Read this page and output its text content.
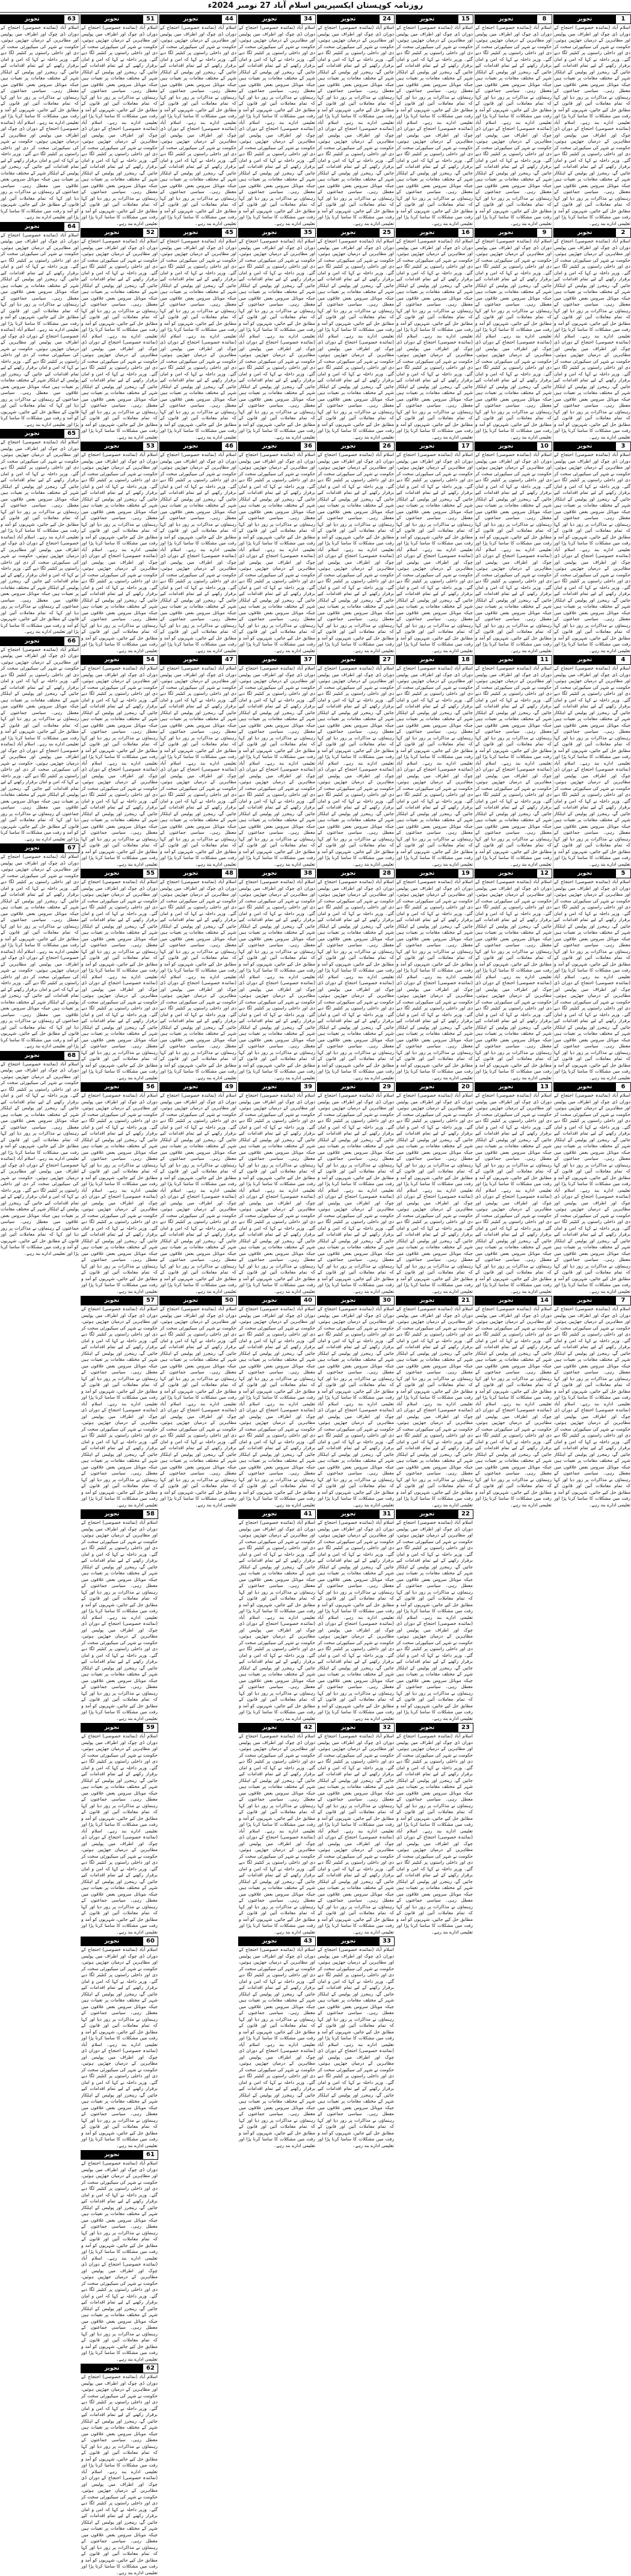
روزنامہ کوہستان ایکسپریس اسلام آباد 27 نومبر 2024ء
1
تجویز
اسلام آباد (نمائندہ خصوصی) احتجاج کے دوران ڈی چوک اور اطراف میں پولیس اور مظاہرین کے درمیان جھڑپیں ہوئیں، حکومت نے شہر کی سیکیورٹی سخت کر دی اور داخلی راستوں پر کنٹینر لگا دیے گئے۔ وزیر داخلہ نے کہا کہ امن و امان برقرار رکھنے کے لیے تمام اقدامات کیے جائیں گے، رینجرز اور پولیس کے اہلکار شہر کے مختلف مقامات پر تعینات ہیں جبکہ موبائل سروس بعض علاقوں میں معطل رہی۔ سیاسی جماعتوں کے رہنماؤں نے مذاکرات پر زور دیا اور کہا کہ تمام معاملات آئین اور قانون کے مطابق حل کیے جائیں، شہریوں کو آمد و رفت میں مشکلات کا سامنا کرنا پڑا اور تعلیمی ادارے بند رہے۔ اسلام آباد (نمائندہ خصوصی) احتجاج کے دوران ڈی چوک اور اطراف میں پولیس اور مظاہرین کے درمیان جھڑپیں ہوئیں، حکومت نے شہر کی سیکیورٹی سخت کر دی اور داخلی راستوں پر کنٹینر لگا دیے گئے۔ وزیر داخلہ نے کہا کہ امن و امان برقرار رکھنے کے لیے تمام اقدامات کیے جائیں گے، رینجرز اور پولیس کے اہلکار شہر کے مختلف مقامات پر تعینات ہیں جبکہ موبائل سروس بعض علاقوں میں معطل رہی۔ سیاسی جماعتوں کے رہنماؤں نے مذاکرات پر زور دیا اور کہا کہ تمام معاملات آئین اور قانون کے مطابق حل کیے جائیں، شہریوں کو آمد و رفت میں مشکلات کا سامنا کرنا پڑا اور تعلیمی ادارے بند رہے۔
2
تجویز
اسلام آباد (نمائندہ خصوصی) احتجاج کے دوران ڈی چوک اور اطراف میں پولیس اور مظاہرین کے درمیان جھڑپیں ہوئیں، حکومت نے شہر کی سیکیورٹی سخت کر دی اور داخلی راستوں پر کنٹینر لگا دیے گئے۔ وزیر داخلہ نے کہا کہ امن و امان برقرار رکھنے کے لیے تمام اقدامات کیے جائیں گے، رینجرز اور پولیس کے اہلکار شہر کے مختلف مقامات پر تعینات ہیں جبکہ موبائل سروس بعض علاقوں میں معطل رہی۔ سیاسی جماعتوں کے رہنماؤں نے مذاکرات پر زور دیا اور کہا کہ تمام معاملات آئین اور قانون کے مطابق حل کیے جائیں، شہریوں کو آمد و رفت میں مشکلات کا سامنا کرنا پڑا اور تعلیمی ادارے بند رہے۔ اسلام آباد (نمائندہ خصوصی) احتجاج کے دوران ڈی چوک اور اطراف میں پولیس اور مظاہرین کے درمیان جھڑپیں ہوئیں، حکومت نے شہر کی سیکیورٹی سخت کر دی اور داخلی راستوں پر کنٹینر لگا دیے گئے۔ وزیر داخلہ نے کہا کہ امن و امان برقرار رکھنے کے لیے تمام اقدامات کیے جائیں گے، رینجرز اور پولیس کے اہلکار شہر کے مختلف مقامات پر تعینات ہیں جبکہ موبائل سروس بعض علاقوں میں معطل رہی۔ سیاسی جماعتوں کے رہنماؤں نے مذاکرات پر زور دیا اور کہا کہ تمام معاملات آئین اور قانون کے مطابق حل کیے جائیں، شہریوں کو آمد و رفت میں مشکلات کا سامنا کرنا پڑا اور تعلیمی ادارے بند رہے۔
3
تجویز
اسلام آباد (نمائندہ خصوصی) احتجاج کے دوران ڈی چوک اور اطراف میں پولیس اور مظاہرین کے درمیان جھڑپیں ہوئیں، حکومت نے شہر کی سیکیورٹی سخت کر دی اور داخلی راستوں پر کنٹینر لگا دیے گئے۔ وزیر داخلہ نے کہا کہ امن و امان برقرار رکھنے کے لیے تمام اقدامات کیے جائیں گے، رینجرز اور پولیس کے اہلکار شہر کے مختلف مقامات پر تعینات ہیں جبکہ موبائل سروس بعض علاقوں میں معطل رہی۔ سیاسی جماعتوں کے رہنماؤں نے مذاکرات پر زور دیا اور کہا کہ تمام معاملات آئین اور قانون کے مطابق حل کیے جائیں، شہریوں کو آمد و رفت میں مشکلات کا سامنا کرنا پڑا اور تعلیمی ادارے بند رہے۔ اسلام آباد (نمائندہ خصوصی) احتجاج کے دوران ڈی چوک اور اطراف میں پولیس اور مظاہرین کے درمیان جھڑپیں ہوئیں، حکومت نے شہر کی سیکیورٹی سخت کر دی اور داخلی راستوں پر کنٹینر لگا دیے گئے۔ وزیر داخلہ نے کہا کہ امن و امان برقرار رکھنے کے لیے تمام اقدامات کیے جائیں گے، رینجرز اور پولیس کے اہلکار شہر کے مختلف مقامات پر تعینات ہیں جبکہ موبائل سروس بعض علاقوں میں معطل رہی۔ سیاسی جماعتوں کے رہنماؤں نے مذاکرات پر زور دیا اور کہا کہ تمام معاملات آئین اور قانون کے مطابق حل کیے جائیں، شہریوں کو آمد و رفت میں مشکلات کا سامنا کرنا پڑا اور تعلیمی ادارے بند رہے۔
4
تجویز
اسلام آباد (نمائندہ خصوصی) احتجاج کے دوران ڈی چوک اور اطراف میں پولیس اور مظاہرین کے درمیان جھڑپیں ہوئیں، حکومت نے شہر کی سیکیورٹی سخت کر دی اور داخلی راستوں پر کنٹینر لگا دیے گئے۔ وزیر داخلہ نے کہا کہ امن و امان برقرار رکھنے کے لیے تمام اقدامات کیے جائیں گے، رینجرز اور پولیس کے اہلکار شہر کے مختلف مقامات پر تعینات ہیں جبکہ موبائل سروس بعض علاقوں میں معطل رہی۔ سیاسی جماعتوں کے رہنماؤں نے مذاکرات پر زور دیا اور کہا کہ تمام معاملات آئین اور قانون کے مطابق حل کیے جائیں، شہریوں کو آمد و رفت میں مشکلات کا سامنا کرنا پڑا اور تعلیمی ادارے بند رہے۔ اسلام آباد (نمائندہ خصوصی) احتجاج کے دوران ڈی چوک اور اطراف میں پولیس اور مظاہرین کے درمیان جھڑپیں ہوئیں، حکومت نے شہر کی سیکیورٹی سخت کر دی اور داخلی راستوں پر کنٹینر لگا دیے گئے۔ وزیر داخلہ نے کہا کہ امن و امان برقرار رکھنے کے لیے تمام اقدامات کیے جائیں گے، رینجرز اور پولیس کے اہلکار شہر کے مختلف مقامات پر تعینات ہیں جبکہ موبائل سروس بعض علاقوں میں معطل رہی۔ سیاسی جماعتوں کے رہنماؤں نے مذاکرات پر زور دیا اور کہا کہ تمام معاملات آئین اور قانون کے مطابق حل کیے جائیں، شہریوں کو آمد و رفت میں مشکلات کا سامنا کرنا پڑا اور تعلیمی ادارے بند رہے۔
5
تجویز
اسلام آباد (نمائندہ خصوصی) احتجاج کے دوران ڈی چوک اور اطراف میں پولیس اور مظاہرین کے درمیان جھڑپیں ہوئیں، حکومت نے شہر کی سیکیورٹی سخت کر دی اور داخلی راستوں پر کنٹینر لگا دیے گئے۔ وزیر داخلہ نے کہا کہ امن و امان برقرار رکھنے کے لیے تمام اقدامات کیے جائیں گے، رینجرز اور پولیس کے اہلکار شہر کے مختلف مقامات پر تعینات ہیں جبکہ موبائل سروس بعض علاقوں میں معطل رہی۔ سیاسی جماعتوں کے رہنماؤں نے مذاکرات پر زور دیا اور کہا کہ تمام معاملات آئین اور قانون کے مطابق حل کیے جائیں، شہریوں کو آمد و رفت میں مشکلات کا سامنا کرنا پڑا اور تعلیمی ادارے بند رہے۔ اسلام آباد (نمائندہ خصوصی) احتجاج کے دوران ڈی چوک اور اطراف میں پولیس اور مظاہرین کے درمیان جھڑپیں ہوئیں، حکومت نے شہر کی سیکیورٹی سخت کر دی اور داخلی راستوں پر کنٹینر لگا دیے گئے۔ وزیر داخلہ نے کہا کہ امن و امان برقرار رکھنے کے لیے تمام اقدامات کیے جائیں گے، رینجرز اور پولیس کے اہلکار شہر کے مختلف مقامات پر تعینات ہیں جبکہ موبائل سروس بعض علاقوں میں معطل رہی۔ سیاسی جماعتوں کے رہنماؤں نے مذاکرات پر زور دیا اور کہا کہ تمام معاملات آئین اور قانون کے مطابق حل کیے جائیں، شہریوں کو آمد و رفت میں مشکلات کا سامنا کرنا پڑا اور تعلیمی ادارے بند رہے۔
6
تجویز
اسلام آباد (نمائندہ خصوصی) احتجاج کے دوران ڈی چوک اور اطراف میں پولیس اور مظاہرین کے درمیان جھڑپیں ہوئیں، حکومت نے شہر کی سیکیورٹی سخت کر دی اور داخلی راستوں پر کنٹینر لگا دیے گئے۔ وزیر داخلہ نے کہا کہ امن و امان برقرار رکھنے کے لیے تمام اقدامات کیے جائیں گے، رینجرز اور پولیس کے اہلکار شہر کے مختلف مقامات پر تعینات ہیں جبکہ موبائل سروس بعض علاقوں میں معطل رہی۔ سیاسی جماعتوں کے رہنماؤں نے مذاکرات پر زور دیا اور کہا کہ تمام معاملات آئین اور قانون کے مطابق حل کیے جائیں، شہریوں کو آمد و رفت میں مشکلات کا سامنا کرنا پڑا اور تعلیمی ادارے بند رہے۔ اسلام آباد (نمائندہ خصوصی) احتجاج کے دوران ڈی چوک اور اطراف میں پولیس اور مظاہرین کے درمیان جھڑپیں ہوئیں، حکومت نے شہر کی سیکیورٹی سخت کر دی اور داخلی راستوں پر کنٹینر لگا دیے گئے۔ وزیر داخلہ نے کہا کہ امن و امان برقرار رکھنے کے لیے تمام اقدامات کیے جائیں گے، رینجرز اور پولیس کے اہلکار شہر کے مختلف مقامات پر تعینات ہیں جبکہ موبائل سروس بعض علاقوں میں معطل رہی۔ سیاسی جماعتوں کے رہنماؤں نے مذاکرات پر زور دیا اور کہا کہ تمام معاملات آئین اور قانون کے مطابق حل کیے جائیں، شہریوں کو آمد و رفت میں مشکلات کا سامنا کرنا پڑا اور تعلیمی ادارے بند رہے۔
7
تجویز
اسلام آباد (نمائندہ خصوصی) احتجاج کے دوران ڈی چوک اور اطراف میں پولیس اور مظاہرین کے درمیان جھڑپیں ہوئیں، حکومت نے شہر کی سیکیورٹی سخت کر دی اور داخلی راستوں پر کنٹینر لگا دیے گئے۔ وزیر داخلہ نے کہا کہ امن و امان برقرار رکھنے کے لیے تمام اقدامات کیے جائیں گے، رینجرز اور پولیس کے اہلکار شہر کے مختلف مقامات پر تعینات ہیں جبکہ موبائل سروس بعض علاقوں میں معطل رہی۔ سیاسی جماعتوں کے رہنماؤں نے مذاکرات پر زور دیا اور کہا کہ تمام معاملات آئین اور قانون کے مطابق حل کیے جائیں، شہریوں کو آمد و رفت میں مشکلات کا سامنا کرنا پڑا اور تعلیمی ادارے بند رہے۔ اسلام آباد (نمائندہ خصوصی) احتجاج کے دوران ڈی چوک اور اطراف میں پولیس اور مظاہرین کے درمیان جھڑپیں ہوئیں، حکومت نے شہر کی سیکیورٹی سخت کر دی اور داخلی راستوں پر کنٹینر لگا دیے گئے۔ وزیر داخلہ نے کہا کہ امن و امان برقرار رکھنے کے لیے تمام اقدامات کیے جائیں گے، رینجرز اور پولیس کے اہلکار شہر کے مختلف مقامات پر تعینات ہیں جبکہ موبائل سروس بعض علاقوں میں معطل رہی۔ سیاسی جماعتوں کے رہنماؤں نے مذاکرات پر زور دیا اور کہا کہ تمام معاملات آئین اور قانون کے مطابق حل کیے جائیں، شہریوں کو آمد و رفت میں مشکلات کا سامنا کرنا پڑا اور تعلیمی ادارے بند رہے۔
8
تجویز
اسلام آباد (نمائندہ خصوصی) احتجاج کے دوران ڈی چوک اور اطراف میں پولیس اور مظاہرین کے درمیان جھڑپیں ہوئیں، حکومت نے شہر کی سیکیورٹی سخت کر دی اور داخلی راستوں پر کنٹینر لگا دیے گئے۔ وزیر داخلہ نے کہا کہ امن و امان برقرار رکھنے کے لیے تمام اقدامات کیے جائیں گے، رینجرز اور پولیس کے اہلکار شہر کے مختلف مقامات پر تعینات ہیں جبکہ موبائل سروس بعض علاقوں میں معطل رہی۔ سیاسی جماعتوں کے رہنماؤں نے مذاکرات پر زور دیا اور کہا کہ تمام معاملات آئین اور قانون کے مطابق حل کیے جائیں، شہریوں کو آمد و رفت میں مشکلات کا سامنا کرنا پڑا اور تعلیمی ادارے بند رہے۔ اسلام آباد (نمائندہ خصوصی) احتجاج کے دوران ڈی چوک اور اطراف میں پولیس اور مظاہرین کے درمیان جھڑپیں ہوئیں، حکومت نے شہر کی سیکیورٹی سخت کر دی اور داخلی راستوں پر کنٹینر لگا دیے گئے۔ وزیر داخلہ نے کہا کہ امن و امان برقرار رکھنے کے لیے تمام اقدامات کیے جائیں گے، رینجرز اور پولیس کے اہلکار شہر کے مختلف مقامات پر تعینات ہیں جبکہ موبائل سروس بعض علاقوں میں معطل رہی۔ سیاسی جماعتوں کے رہنماؤں نے مذاکرات پر زور دیا اور کہا کہ تمام معاملات آئین اور قانون کے مطابق حل کیے جائیں، شہریوں کو آمد و رفت میں مشکلات کا سامنا کرنا پڑا اور تعلیمی ادارے بند رہے۔
9
تجویز
اسلام آباد (نمائندہ خصوصی) احتجاج کے دوران ڈی چوک اور اطراف میں پولیس اور مظاہرین کے درمیان جھڑپیں ہوئیں، حکومت نے شہر کی سیکیورٹی سخت کر دی اور داخلی راستوں پر کنٹینر لگا دیے گئے۔ وزیر داخلہ نے کہا کہ امن و امان برقرار رکھنے کے لیے تمام اقدامات کیے جائیں گے، رینجرز اور پولیس کے اہلکار شہر کے مختلف مقامات پر تعینات ہیں جبکہ موبائل سروس بعض علاقوں میں معطل رہی۔ سیاسی جماعتوں کے رہنماؤں نے مذاکرات پر زور دیا اور کہا کہ تمام معاملات آئین اور قانون کے مطابق حل کیے جائیں، شہریوں کو آمد و رفت میں مشکلات کا سامنا کرنا پڑا اور تعلیمی ادارے بند رہے۔ اسلام آباد (نمائندہ خصوصی) احتجاج کے دوران ڈی چوک اور اطراف میں پولیس اور مظاہرین کے درمیان جھڑپیں ہوئیں، حکومت نے شہر کی سیکیورٹی سخت کر دی اور داخلی راستوں پر کنٹینر لگا دیے گئے۔ وزیر داخلہ نے کہا کہ امن و امان برقرار رکھنے کے لیے تمام اقدامات کیے جائیں گے، رینجرز اور پولیس کے اہلکار شہر کے مختلف مقامات پر تعینات ہیں جبکہ موبائل سروس بعض علاقوں میں معطل رہی۔ سیاسی جماعتوں کے رہنماؤں نے مذاکرات پر زور دیا اور کہا کہ تمام معاملات آئین اور قانون کے مطابق حل کیے جائیں، شہریوں کو آمد و رفت میں مشکلات کا سامنا کرنا پڑا اور تعلیمی ادارے بند رہے۔
10
تجویز
اسلام آباد (نمائندہ خصوصی) احتجاج کے دوران ڈی چوک اور اطراف میں پولیس اور مظاہرین کے درمیان جھڑپیں ہوئیں، حکومت نے شہر کی سیکیورٹی سخت کر دی اور داخلی راستوں پر کنٹینر لگا دیے گئے۔ وزیر داخلہ نے کہا کہ امن و امان برقرار رکھنے کے لیے تمام اقدامات کیے جائیں گے، رینجرز اور پولیس کے اہلکار شہر کے مختلف مقامات پر تعینات ہیں جبکہ موبائل سروس بعض علاقوں میں معطل رہی۔ سیاسی جماعتوں کے رہنماؤں نے مذاکرات پر زور دیا اور کہا کہ تمام معاملات آئین اور قانون کے مطابق حل کیے جائیں، شہریوں کو آمد و رفت میں مشکلات کا سامنا کرنا پڑا اور تعلیمی ادارے بند رہے۔ اسلام آباد (نمائندہ خصوصی) احتجاج کے دوران ڈی چوک اور اطراف میں پولیس اور مظاہرین کے درمیان جھڑپیں ہوئیں، حکومت نے شہر کی سیکیورٹی سخت کر دی اور داخلی راستوں پر کنٹینر لگا دیے گئے۔ وزیر داخلہ نے کہا کہ امن و امان برقرار رکھنے کے لیے تمام اقدامات کیے جائیں گے، رینجرز اور پولیس کے اہلکار شہر کے مختلف مقامات پر تعینات ہیں جبکہ موبائل سروس بعض علاقوں میں معطل رہی۔ سیاسی جماعتوں کے رہنماؤں نے مذاکرات پر زور دیا اور کہا کہ تمام معاملات آئین اور قانون کے مطابق حل کیے جائیں، شہریوں کو آمد و رفت میں مشکلات کا سامنا کرنا پڑا اور تعلیمی ادارے بند رہے۔
11
تجویز
اسلام آباد (نمائندہ خصوصی) احتجاج کے دوران ڈی چوک اور اطراف میں پولیس اور مظاہرین کے درمیان جھڑپیں ہوئیں، حکومت نے شہر کی سیکیورٹی سخت کر دی اور داخلی راستوں پر کنٹینر لگا دیے گئے۔ وزیر داخلہ نے کہا کہ امن و امان برقرار رکھنے کے لیے تمام اقدامات کیے جائیں گے، رینجرز اور پولیس کے اہلکار شہر کے مختلف مقامات پر تعینات ہیں جبکہ موبائل سروس بعض علاقوں میں معطل رہی۔ سیاسی جماعتوں کے رہنماؤں نے مذاکرات پر زور دیا اور کہا کہ تمام معاملات آئین اور قانون کے مطابق حل کیے جائیں، شہریوں کو آمد و رفت میں مشکلات کا سامنا کرنا پڑا اور تعلیمی ادارے بند رہے۔ اسلام آباد (نمائندہ خصوصی) احتجاج کے دوران ڈی چوک اور اطراف میں پولیس اور مظاہرین کے درمیان جھڑپیں ہوئیں، حکومت نے شہر کی سیکیورٹی سخت کر دی اور داخلی راستوں پر کنٹینر لگا دیے گئے۔ وزیر داخلہ نے کہا کہ امن و امان برقرار رکھنے کے لیے تمام اقدامات کیے جائیں گے، رینجرز اور پولیس کے اہلکار شہر کے مختلف مقامات پر تعینات ہیں جبکہ موبائل سروس بعض علاقوں میں معطل رہی۔ سیاسی جماعتوں کے رہنماؤں نے مذاکرات پر زور دیا اور کہا کہ تمام معاملات آئین اور قانون کے مطابق حل کیے جائیں، شہریوں کو آمد و رفت میں مشکلات کا سامنا کرنا پڑا اور تعلیمی ادارے بند رہے۔
12
تجویز
اسلام آباد (نمائندہ خصوصی) احتجاج کے دوران ڈی چوک اور اطراف میں پولیس اور مظاہرین کے درمیان جھڑپیں ہوئیں، حکومت نے شہر کی سیکیورٹی سخت کر دی اور داخلی راستوں پر کنٹینر لگا دیے گئے۔ وزیر داخلہ نے کہا کہ امن و امان برقرار رکھنے کے لیے تمام اقدامات کیے جائیں گے، رینجرز اور پولیس کے اہلکار شہر کے مختلف مقامات پر تعینات ہیں جبکہ موبائل سروس بعض علاقوں میں معطل رہی۔ سیاسی جماعتوں کے رہنماؤں نے مذاکرات پر زور دیا اور کہا کہ تمام معاملات آئین اور قانون کے مطابق حل کیے جائیں، شہریوں کو آمد و رفت میں مشکلات کا سامنا کرنا پڑا اور تعلیمی ادارے بند رہے۔ اسلام آباد (نمائندہ خصوصی) احتجاج کے دوران ڈی چوک اور اطراف میں پولیس اور مظاہرین کے درمیان جھڑپیں ہوئیں، حکومت نے شہر کی سیکیورٹی سخت کر دی اور داخلی راستوں پر کنٹینر لگا دیے گئے۔ وزیر داخلہ نے کہا کہ امن و امان برقرار رکھنے کے لیے تمام اقدامات کیے جائیں گے، رینجرز اور پولیس کے اہلکار شہر کے مختلف مقامات پر تعینات ہیں جبکہ موبائل سروس بعض علاقوں میں معطل رہی۔ سیاسی جماعتوں کے رہنماؤں نے مذاکرات پر زور دیا اور کہا کہ تمام معاملات آئین اور قانون کے مطابق حل کیے جائیں، شہریوں کو آمد و رفت میں مشکلات کا سامنا کرنا پڑا اور تعلیمی ادارے بند رہے۔
13
تجویز
اسلام آباد (نمائندہ خصوصی) احتجاج کے دوران ڈی چوک اور اطراف میں پولیس اور مظاہرین کے درمیان جھڑپیں ہوئیں، حکومت نے شہر کی سیکیورٹی سخت کر دی اور داخلی راستوں پر کنٹینر لگا دیے گئے۔ وزیر داخلہ نے کہا کہ امن و امان برقرار رکھنے کے لیے تمام اقدامات کیے جائیں گے، رینجرز اور پولیس کے اہلکار شہر کے مختلف مقامات پر تعینات ہیں جبکہ موبائل سروس بعض علاقوں میں معطل رہی۔ سیاسی جماعتوں کے رہنماؤں نے مذاکرات پر زور دیا اور کہا کہ تمام معاملات آئین اور قانون کے مطابق حل کیے جائیں، شہریوں کو آمد و رفت میں مشکلات کا سامنا کرنا پڑا اور تعلیمی ادارے بند رہے۔ اسلام آباد (نمائندہ خصوصی) احتجاج کے دوران ڈی چوک اور اطراف میں پولیس اور مظاہرین کے درمیان جھڑپیں ہوئیں، حکومت نے شہر کی سیکیورٹی سخت کر دی اور داخلی راستوں پر کنٹینر لگا دیے گئے۔ وزیر داخلہ نے کہا کہ امن و امان برقرار رکھنے کے لیے تمام اقدامات کیے جائیں گے، رینجرز اور پولیس کے اہلکار شہر کے مختلف مقامات پر تعینات ہیں جبکہ موبائل سروس بعض علاقوں میں معطل رہی۔ سیاسی جماعتوں کے رہنماؤں نے مذاکرات پر زور دیا اور کہا کہ تمام معاملات آئین اور قانون کے مطابق حل کیے جائیں، شہریوں کو آمد و رفت میں مشکلات کا سامنا کرنا پڑا اور تعلیمی ادارے بند رہے۔
14
تجویز
اسلام آباد (نمائندہ خصوصی) احتجاج کے دوران ڈی چوک اور اطراف میں پولیس اور مظاہرین کے درمیان جھڑپیں ہوئیں، حکومت نے شہر کی سیکیورٹی سخت کر دی اور داخلی راستوں پر کنٹینر لگا دیے گئے۔ وزیر داخلہ نے کہا کہ امن و امان برقرار رکھنے کے لیے تمام اقدامات کیے جائیں گے، رینجرز اور پولیس کے اہلکار شہر کے مختلف مقامات پر تعینات ہیں جبکہ موبائل سروس بعض علاقوں میں معطل رہی۔ سیاسی جماعتوں کے رہنماؤں نے مذاکرات پر زور دیا اور کہا کہ تمام معاملات آئین اور قانون کے مطابق حل کیے جائیں، شہریوں کو آمد و رفت میں مشکلات کا سامنا کرنا پڑا اور تعلیمی ادارے بند رہے۔ اسلام آباد (نمائندہ خصوصی) احتجاج کے دوران ڈی چوک اور اطراف میں پولیس اور مظاہرین کے درمیان جھڑپیں ہوئیں، حکومت نے شہر کی سیکیورٹی سخت کر دی اور داخلی راستوں پر کنٹینر لگا دیے گئے۔ وزیر داخلہ نے کہا کہ امن و امان برقرار رکھنے کے لیے تمام اقدامات کیے جائیں گے، رینجرز اور پولیس کے اہلکار شہر کے مختلف مقامات پر تعینات ہیں جبکہ موبائل سروس بعض علاقوں میں معطل رہی۔ سیاسی جماعتوں کے رہنماؤں نے مذاکرات پر زور دیا اور کہا کہ تمام معاملات آئین اور قانون کے مطابق حل کیے جائیں، شہریوں کو آمد و رفت میں مشکلات کا سامنا کرنا پڑا اور تعلیمی ادارے بند رہے۔
15
تجویز
اسلام آباد (نمائندہ خصوصی) احتجاج کے دوران ڈی چوک اور اطراف میں پولیس اور مظاہرین کے درمیان جھڑپیں ہوئیں، حکومت نے شہر کی سیکیورٹی سخت کر دی اور داخلی راستوں پر کنٹینر لگا دیے گئے۔ وزیر داخلہ نے کہا کہ امن و امان برقرار رکھنے کے لیے تمام اقدامات کیے جائیں گے، رینجرز اور پولیس کے اہلکار شہر کے مختلف مقامات پر تعینات ہیں جبکہ موبائل سروس بعض علاقوں میں معطل رہی۔ سیاسی جماعتوں کے رہنماؤں نے مذاکرات پر زور دیا اور کہا کہ تمام معاملات آئین اور قانون کے مطابق حل کیے جائیں، شہریوں کو آمد و رفت میں مشکلات کا سامنا کرنا پڑا اور تعلیمی ادارے بند رہے۔ اسلام آباد (نمائندہ خصوصی) احتجاج کے دوران ڈی چوک اور اطراف میں پولیس اور مظاہرین کے درمیان جھڑپیں ہوئیں، حکومت نے شہر کی سیکیورٹی سخت کر دی اور داخلی راستوں پر کنٹینر لگا دیے گئے۔ وزیر داخلہ نے کہا کہ امن و امان برقرار رکھنے کے لیے تمام اقدامات کیے جائیں گے، رینجرز اور پولیس کے اہلکار شہر کے مختلف مقامات پر تعینات ہیں جبکہ موبائل سروس بعض علاقوں میں معطل رہی۔ سیاسی جماعتوں کے رہنماؤں نے مذاکرات پر زور دیا اور کہا کہ تمام معاملات آئین اور قانون کے مطابق حل کیے جائیں، شہریوں کو آمد و رفت میں مشکلات کا سامنا کرنا پڑا اور تعلیمی ادارے بند رہے۔
16
تجویز
اسلام آباد (نمائندہ خصوصی) احتجاج کے دوران ڈی چوک اور اطراف میں پولیس اور مظاہرین کے درمیان جھڑپیں ہوئیں، حکومت نے شہر کی سیکیورٹی سخت کر دی اور داخلی راستوں پر کنٹینر لگا دیے گئے۔ وزیر داخلہ نے کہا کہ امن و امان برقرار رکھنے کے لیے تمام اقدامات کیے جائیں گے، رینجرز اور پولیس کے اہلکار شہر کے مختلف مقامات پر تعینات ہیں جبکہ موبائل سروس بعض علاقوں میں معطل رہی۔ سیاسی جماعتوں کے رہنماؤں نے مذاکرات پر زور دیا اور کہا کہ تمام معاملات آئین اور قانون کے مطابق حل کیے جائیں، شہریوں کو آمد و رفت میں مشکلات کا سامنا کرنا پڑا اور تعلیمی ادارے بند رہے۔ اسلام آباد (نمائندہ خصوصی) احتجاج کے دوران ڈی چوک اور اطراف میں پولیس اور مظاہرین کے درمیان جھڑپیں ہوئیں، حکومت نے شہر کی سیکیورٹی سخت کر دی اور داخلی راستوں پر کنٹینر لگا دیے گئے۔ وزیر داخلہ نے کہا کہ امن و امان برقرار رکھنے کے لیے تمام اقدامات کیے جائیں گے، رینجرز اور پولیس کے اہلکار شہر کے مختلف مقامات پر تعینات ہیں جبکہ موبائل سروس بعض علاقوں میں معطل رہی۔ سیاسی جماعتوں کے رہنماؤں نے مذاکرات پر زور دیا اور کہا کہ تمام معاملات آئین اور قانون کے مطابق حل کیے جائیں، شہریوں کو آمد و رفت میں مشکلات کا سامنا کرنا پڑا اور تعلیمی ادارے بند رہے۔
17
تجویز
اسلام آباد (نمائندہ خصوصی) احتجاج کے دوران ڈی چوک اور اطراف میں پولیس اور مظاہرین کے درمیان جھڑپیں ہوئیں، حکومت نے شہر کی سیکیورٹی سخت کر دی اور داخلی راستوں پر کنٹینر لگا دیے گئے۔ وزیر داخلہ نے کہا کہ امن و امان برقرار رکھنے کے لیے تمام اقدامات کیے جائیں گے، رینجرز اور پولیس کے اہلکار شہر کے مختلف مقامات پر تعینات ہیں جبکہ موبائل سروس بعض علاقوں میں معطل رہی۔ سیاسی جماعتوں کے رہنماؤں نے مذاکرات پر زور دیا اور کہا کہ تمام معاملات آئین اور قانون کے مطابق حل کیے جائیں، شہریوں کو آمد و رفت میں مشکلات کا سامنا کرنا پڑا اور تعلیمی ادارے بند رہے۔ اسلام آباد (نمائندہ خصوصی) احتجاج کے دوران ڈی چوک اور اطراف میں پولیس اور مظاہرین کے درمیان جھڑپیں ہوئیں، حکومت نے شہر کی سیکیورٹی سخت کر دی اور داخلی راستوں پر کنٹینر لگا دیے گئے۔ وزیر داخلہ نے کہا کہ امن و امان برقرار رکھنے کے لیے تمام اقدامات کیے جائیں گے، رینجرز اور پولیس کے اہلکار شہر کے مختلف مقامات پر تعینات ہیں جبکہ موبائل سروس بعض علاقوں میں معطل رہی۔ سیاسی جماعتوں کے رہنماؤں نے مذاکرات پر زور دیا اور کہا کہ تمام معاملات آئین اور قانون کے مطابق حل کیے جائیں، شہریوں کو آمد و رفت میں مشکلات کا سامنا کرنا پڑا اور تعلیمی ادارے بند رہے۔
18
تجویز
اسلام آباد (نمائندہ خصوصی) احتجاج کے دوران ڈی چوک اور اطراف میں پولیس اور مظاہرین کے درمیان جھڑپیں ہوئیں، حکومت نے شہر کی سیکیورٹی سخت کر دی اور داخلی راستوں پر کنٹینر لگا دیے گئے۔ وزیر داخلہ نے کہا کہ امن و امان برقرار رکھنے کے لیے تمام اقدامات کیے جائیں گے، رینجرز اور پولیس کے اہلکار شہر کے مختلف مقامات پر تعینات ہیں جبکہ موبائل سروس بعض علاقوں میں معطل رہی۔ سیاسی جماعتوں کے رہنماؤں نے مذاکرات پر زور دیا اور کہا کہ تمام معاملات آئین اور قانون کے مطابق حل کیے جائیں، شہریوں کو آمد و رفت میں مشکلات کا سامنا کرنا پڑا اور تعلیمی ادارے بند رہے۔ اسلام آباد (نمائندہ خصوصی) احتجاج کے دوران ڈی چوک اور اطراف میں پولیس اور مظاہرین کے درمیان جھڑپیں ہوئیں، حکومت نے شہر کی سیکیورٹی سخت کر دی اور داخلی راستوں پر کنٹینر لگا دیے گئے۔ وزیر داخلہ نے کہا کہ امن و امان برقرار رکھنے کے لیے تمام اقدامات کیے جائیں گے، رینجرز اور پولیس کے اہلکار شہر کے مختلف مقامات پر تعینات ہیں جبکہ موبائل سروس بعض علاقوں میں معطل رہی۔ سیاسی جماعتوں کے رہنماؤں نے مذاکرات پر زور دیا اور کہا کہ تمام معاملات آئین اور قانون کے مطابق حل کیے جائیں، شہریوں کو آمد و رفت میں مشکلات کا سامنا کرنا پڑا اور تعلیمی ادارے بند رہے۔
19
تجویز
اسلام آباد (نمائندہ خصوصی) احتجاج کے دوران ڈی چوک اور اطراف میں پولیس اور مظاہرین کے درمیان جھڑپیں ہوئیں، حکومت نے شہر کی سیکیورٹی سخت کر دی اور داخلی راستوں پر کنٹینر لگا دیے گئے۔ وزیر داخلہ نے کہا کہ امن و امان برقرار رکھنے کے لیے تمام اقدامات کیے جائیں گے، رینجرز اور پولیس کے اہلکار شہر کے مختلف مقامات پر تعینات ہیں جبکہ موبائل سروس بعض علاقوں میں معطل رہی۔ سیاسی جماعتوں کے رہنماؤں نے مذاکرات پر زور دیا اور کہا کہ تمام معاملات آئین اور قانون کے مطابق حل کیے جائیں، شہریوں کو آمد و رفت میں مشکلات کا سامنا کرنا پڑا اور تعلیمی ادارے بند رہے۔ اسلام آباد (نمائندہ خصوصی) احتجاج کے دوران ڈی چوک اور اطراف میں پولیس اور مظاہرین کے درمیان جھڑپیں ہوئیں، حکومت نے شہر کی سیکیورٹی سخت کر دی اور داخلی راستوں پر کنٹینر لگا دیے گئے۔ وزیر داخلہ نے کہا کہ امن و امان برقرار رکھنے کے لیے تمام اقدامات کیے جائیں گے، رینجرز اور پولیس کے اہلکار شہر کے مختلف مقامات پر تعینات ہیں جبکہ موبائل سروس بعض علاقوں میں معطل رہی۔ سیاسی جماعتوں کے رہنماؤں نے مذاکرات پر زور دیا اور کہا کہ تمام معاملات آئین اور قانون کے مطابق حل کیے جائیں، شہریوں کو آمد و رفت میں مشکلات کا سامنا کرنا پڑا اور تعلیمی ادارے بند رہے۔
20
تجویز
اسلام آباد (نمائندہ خصوصی) احتجاج کے دوران ڈی چوک اور اطراف میں پولیس اور مظاہرین کے درمیان جھڑپیں ہوئیں، حکومت نے شہر کی سیکیورٹی سخت کر دی اور داخلی راستوں پر کنٹینر لگا دیے گئے۔ وزیر داخلہ نے کہا کہ امن و امان برقرار رکھنے کے لیے تمام اقدامات کیے جائیں گے، رینجرز اور پولیس کے اہلکار شہر کے مختلف مقامات پر تعینات ہیں جبکہ موبائل سروس بعض علاقوں میں معطل رہی۔ سیاسی جماعتوں کے رہنماؤں نے مذاکرات پر زور دیا اور کہا کہ تمام معاملات آئین اور قانون کے مطابق حل کیے جائیں، شہریوں کو آمد و رفت میں مشکلات کا سامنا کرنا پڑا اور تعلیمی ادارے بند رہے۔ اسلام آباد (نمائندہ خصوصی) احتجاج کے دوران ڈی چوک اور اطراف میں پولیس اور مظاہرین کے درمیان جھڑپیں ہوئیں، حکومت نے شہر کی سیکیورٹی سخت کر دی اور داخلی راستوں پر کنٹینر لگا دیے گئے۔ وزیر داخلہ نے کہا کہ امن و امان برقرار رکھنے کے لیے تمام اقدامات کیے جائیں گے، رینجرز اور پولیس کے اہلکار شہر کے مختلف مقامات پر تعینات ہیں جبکہ موبائل سروس بعض علاقوں میں معطل رہی۔ سیاسی جماعتوں کے رہنماؤں نے مذاکرات پر زور دیا اور کہا کہ تمام معاملات آئین اور قانون کے مطابق حل کیے جائیں، شہریوں کو آمد و رفت میں مشکلات کا سامنا کرنا پڑا اور تعلیمی ادارے بند رہے۔
21
تجویز
اسلام آباد (نمائندہ خصوصی) احتجاج کے دوران ڈی چوک اور اطراف میں پولیس اور مظاہرین کے درمیان جھڑپیں ہوئیں، حکومت نے شہر کی سیکیورٹی سخت کر دی اور داخلی راستوں پر کنٹینر لگا دیے گئے۔ وزیر داخلہ نے کہا کہ امن و امان برقرار رکھنے کے لیے تمام اقدامات کیے جائیں گے، رینجرز اور پولیس کے اہلکار شہر کے مختلف مقامات پر تعینات ہیں جبکہ موبائل سروس بعض علاقوں میں معطل رہی۔ سیاسی جماعتوں کے رہنماؤں نے مذاکرات پر زور دیا اور کہا کہ تمام معاملات آئین اور قانون کے مطابق حل کیے جائیں، شہریوں کو آمد و رفت میں مشکلات کا سامنا کرنا پڑا اور تعلیمی ادارے بند رہے۔ اسلام آباد (نمائندہ خصوصی) احتجاج کے دوران ڈی چوک اور اطراف میں پولیس اور مظاہرین کے درمیان جھڑپیں ہوئیں، حکومت نے شہر کی سیکیورٹی سخت کر دی اور داخلی راستوں پر کنٹینر لگا دیے گئے۔ وزیر داخلہ نے کہا کہ امن و امان برقرار رکھنے کے لیے تمام اقدامات کیے جائیں گے، رینجرز اور پولیس کے اہلکار شہر کے مختلف مقامات پر تعینات ہیں جبکہ موبائل سروس بعض علاقوں میں معطل رہی۔ سیاسی جماعتوں کے رہنماؤں نے مذاکرات پر زور دیا اور کہا کہ تمام معاملات آئین اور قانون کے مطابق حل کیے جائیں، شہریوں کو آمد و رفت میں مشکلات کا سامنا کرنا پڑا اور تعلیمی ادارے بند رہے۔
22
تجویز
اسلام آباد (نمائندہ خصوصی) احتجاج کے دوران ڈی چوک اور اطراف میں پولیس اور مظاہرین کے درمیان جھڑپیں ہوئیں، حکومت نے شہر کی سیکیورٹی سخت کر دی اور داخلی راستوں پر کنٹینر لگا دیے گئے۔ وزیر داخلہ نے کہا کہ امن و امان برقرار رکھنے کے لیے تمام اقدامات کیے جائیں گے، رینجرز اور پولیس کے اہلکار شہر کے مختلف مقامات پر تعینات ہیں جبکہ موبائل سروس بعض علاقوں میں معطل رہی۔ سیاسی جماعتوں کے رہنماؤں نے مذاکرات پر زور دیا اور کہا کہ تمام معاملات آئین اور قانون کے مطابق حل کیے جائیں، شہریوں کو آمد و رفت میں مشکلات کا سامنا کرنا پڑا اور تعلیمی ادارے بند رہے۔ اسلام آباد (نمائندہ خصوصی) احتجاج کے دوران ڈی چوک اور اطراف میں پولیس اور مظاہرین کے درمیان جھڑپیں ہوئیں، حکومت نے شہر کی سیکیورٹی سخت کر دی اور داخلی راستوں پر کنٹینر لگا دیے گئے۔ وزیر داخلہ نے کہا کہ امن و امان برقرار رکھنے کے لیے تمام اقدامات کیے جائیں گے، رینجرز اور پولیس کے اہلکار شہر کے مختلف مقامات پر تعینات ہیں جبکہ موبائل سروس بعض علاقوں میں معطل رہی۔ سیاسی جماعتوں کے رہنماؤں نے مذاکرات پر زور دیا اور کہا کہ تمام معاملات آئین اور قانون کے مطابق حل کیے جائیں، شہریوں کو آمد و رفت میں مشکلات کا سامنا کرنا پڑا اور تعلیمی ادارے بند رہے۔
23
تجویز
اسلام آباد (نمائندہ خصوصی) احتجاج کے دوران ڈی چوک اور اطراف میں پولیس اور مظاہرین کے درمیان جھڑپیں ہوئیں، حکومت نے شہر کی سیکیورٹی سخت کر دی اور داخلی راستوں پر کنٹینر لگا دیے گئے۔ وزیر داخلہ نے کہا کہ امن و امان برقرار رکھنے کے لیے تمام اقدامات کیے جائیں گے، رینجرز اور پولیس کے اہلکار شہر کے مختلف مقامات پر تعینات ہیں جبکہ موبائل سروس بعض علاقوں میں معطل رہی۔ سیاسی جماعتوں کے رہنماؤں نے مذاکرات پر زور دیا اور کہا کہ تمام معاملات آئین اور قانون کے مطابق حل کیے جائیں، شہریوں کو آمد و رفت میں مشکلات کا سامنا کرنا پڑا اور تعلیمی ادارے بند رہے۔ اسلام آباد (نمائندہ خصوصی) احتجاج کے دوران ڈی چوک اور اطراف میں پولیس اور مظاہرین کے درمیان جھڑپیں ہوئیں، حکومت نے شہر کی سیکیورٹی سخت کر دی اور داخلی راستوں پر کنٹینر لگا دیے گئے۔ وزیر داخلہ نے کہا کہ امن و امان برقرار رکھنے کے لیے تمام اقدامات کیے جائیں گے، رینجرز اور پولیس کے اہلکار شہر کے مختلف مقامات پر تعینات ہیں جبکہ موبائل سروس بعض علاقوں میں معطل رہی۔ سیاسی جماعتوں کے رہنماؤں نے مذاکرات پر زور دیا اور کہا کہ تمام معاملات آئین اور قانون کے مطابق حل کیے جائیں، شہریوں کو آمد و رفت میں مشکلات کا سامنا کرنا پڑا اور تعلیمی ادارے بند رہے۔
24
تجویز
اسلام آباد (نمائندہ خصوصی) احتجاج کے دوران ڈی چوک اور اطراف میں پولیس اور مظاہرین کے درمیان جھڑپیں ہوئیں، حکومت نے شہر کی سیکیورٹی سخت کر دی اور داخلی راستوں پر کنٹینر لگا دیے گئے۔ وزیر داخلہ نے کہا کہ امن و امان برقرار رکھنے کے لیے تمام اقدامات کیے جائیں گے، رینجرز اور پولیس کے اہلکار شہر کے مختلف مقامات پر تعینات ہیں جبکہ موبائل سروس بعض علاقوں میں معطل رہی۔ سیاسی جماعتوں کے رہنماؤں نے مذاکرات پر زور دیا اور کہا کہ تمام معاملات آئین اور قانون کے مطابق حل کیے جائیں، شہریوں کو آمد و رفت میں مشکلات کا سامنا کرنا پڑا اور تعلیمی ادارے بند رہے۔ اسلام آباد (نمائندہ خصوصی) احتجاج کے دوران ڈی چوک اور اطراف میں پولیس اور مظاہرین کے درمیان جھڑپیں ہوئیں، حکومت نے شہر کی سیکیورٹی سخت کر دی اور داخلی راستوں پر کنٹینر لگا دیے گئے۔ وزیر داخلہ نے کہا کہ امن و امان برقرار رکھنے کے لیے تمام اقدامات کیے جائیں گے، رینجرز اور پولیس کے اہلکار شہر کے مختلف مقامات پر تعینات ہیں جبکہ موبائل سروس بعض علاقوں میں معطل رہی۔ سیاسی جماعتوں کے رہنماؤں نے مذاکرات پر زور دیا اور کہا کہ تمام معاملات آئین اور قانون کے مطابق حل کیے جائیں، شہریوں کو آمد و رفت میں مشکلات کا سامنا کرنا پڑا اور تعلیمی ادارے بند رہے۔
25
تجویز
اسلام آباد (نمائندہ خصوصی) احتجاج کے دوران ڈی چوک اور اطراف میں پولیس اور مظاہرین کے درمیان جھڑپیں ہوئیں، حکومت نے شہر کی سیکیورٹی سخت کر دی اور داخلی راستوں پر کنٹینر لگا دیے گئے۔ وزیر داخلہ نے کہا کہ امن و امان برقرار رکھنے کے لیے تمام اقدامات کیے جائیں گے، رینجرز اور پولیس کے اہلکار شہر کے مختلف مقامات پر تعینات ہیں جبکہ موبائل سروس بعض علاقوں میں معطل رہی۔ سیاسی جماعتوں کے رہنماؤں نے مذاکرات پر زور دیا اور کہا کہ تمام معاملات آئین اور قانون کے مطابق حل کیے جائیں، شہریوں کو آمد و رفت میں مشکلات کا سامنا کرنا پڑا اور تعلیمی ادارے بند رہے۔ اسلام آباد (نمائندہ خصوصی) احتجاج کے دوران ڈی چوک اور اطراف میں پولیس اور مظاہرین کے درمیان جھڑپیں ہوئیں، حکومت نے شہر کی سیکیورٹی سخت کر دی اور داخلی راستوں پر کنٹینر لگا دیے گئے۔ وزیر داخلہ نے کہا کہ امن و امان برقرار رکھنے کے لیے تمام اقدامات کیے جائیں گے، رینجرز اور پولیس کے اہلکار شہر کے مختلف مقامات پر تعینات ہیں جبکہ موبائل سروس بعض علاقوں میں معطل رہی۔ سیاسی جماعتوں کے رہنماؤں نے مذاکرات پر زور دیا اور کہا کہ تمام معاملات آئین اور قانون کے مطابق حل کیے جائیں، شہریوں کو آمد و رفت میں مشکلات کا سامنا کرنا پڑا اور تعلیمی ادارے بند رہے۔
26
تجویز
اسلام آباد (نمائندہ خصوصی) احتجاج کے دوران ڈی چوک اور اطراف میں پولیس اور مظاہرین کے درمیان جھڑپیں ہوئیں، حکومت نے شہر کی سیکیورٹی سخت کر دی اور داخلی راستوں پر کنٹینر لگا دیے گئے۔ وزیر داخلہ نے کہا کہ امن و امان برقرار رکھنے کے لیے تمام اقدامات کیے جائیں گے، رینجرز اور پولیس کے اہلکار شہر کے مختلف مقامات پر تعینات ہیں جبکہ موبائل سروس بعض علاقوں میں معطل رہی۔ سیاسی جماعتوں کے رہنماؤں نے مذاکرات پر زور دیا اور کہا کہ تمام معاملات آئین اور قانون کے مطابق حل کیے جائیں، شہریوں کو آمد و رفت میں مشکلات کا سامنا کرنا پڑا اور تعلیمی ادارے بند رہے۔ اسلام آباد (نمائندہ خصوصی) احتجاج کے دوران ڈی چوک اور اطراف میں پولیس اور مظاہرین کے درمیان جھڑپیں ہوئیں، حکومت نے شہر کی سیکیورٹی سخت کر دی اور داخلی راستوں پر کنٹینر لگا دیے گئے۔ وزیر داخلہ نے کہا کہ امن و امان برقرار رکھنے کے لیے تمام اقدامات کیے جائیں گے، رینجرز اور پولیس کے اہلکار شہر کے مختلف مقامات پر تعینات ہیں جبکہ موبائل سروس بعض علاقوں میں معطل رہی۔ سیاسی جماعتوں کے رہنماؤں نے مذاکرات پر زور دیا اور کہا کہ تمام معاملات آئین اور قانون کے مطابق حل کیے جائیں، شہریوں کو آمد و رفت میں مشکلات کا سامنا کرنا پڑا اور تعلیمی ادارے بند رہے۔
27
تجویز
اسلام آباد (نمائندہ خصوصی) احتجاج کے دوران ڈی چوک اور اطراف میں پولیس اور مظاہرین کے درمیان جھڑپیں ہوئیں، حکومت نے شہر کی سیکیورٹی سخت کر دی اور داخلی راستوں پر کنٹینر لگا دیے گئے۔ وزیر داخلہ نے کہا کہ امن و امان برقرار رکھنے کے لیے تمام اقدامات کیے جائیں گے، رینجرز اور پولیس کے اہلکار شہر کے مختلف مقامات پر تعینات ہیں جبکہ موبائل سروس بعض علاقوں میں معطل رہی۔ سیاسی جماعتوں کے رہنماؤں نے مذاکرات پر زور دیا اور کہا کہ تمام معاملات آئین اور قانون کے مطابق حل کیے جائیں، شہریوں کو آمد و رفت میں مشکلات کا سامنا کرنا پڑا اور تعلیمی ادارے بند رہے۔ اسلام آباد (نمائندہ خصوصی) احتجاج کے دوران ڈی چوک اور اطراف میں پولیس اور مظاہرین کے درمیان جھڑپیں ہوئیں، حکومت نے شہر کی سیکیورٹی سخت کر دی اور داخلی راستوں پر کنٹینر لگا دیے گئے۔ وزیر داخلہ نے کہا کہ امن و امان برقرار رکھنے کے لیے تمام اقدامات کیے جائیں گے، رینجرز اور پولیس کے اہلکار شہر کے مختلف مقامات پر تعینات ہیں جبکہ موبائل سروس بعض علاقوں میں معطل رہی۔ سیاسی جماعتوں کے رہنماؤں نے مذاکرات پر زور دیا اور کہا کہ تمام معاملات آئین اور قانون کے مطابق حل کیے جائیں، شہریوں کو آمد و رفت میں مشکلات کا سامنا کرنا پڑا اور تعلیمی ادارے بند رہے۔
28
تجویز
اسلام آباد (نمائندہ خصوصی) احتجاج کے دوران ڈی چوک اور اطراف میں پولیس اور مظاہرین کے درمیان جھڑپیں ہوئیں، حکومت نے شہر کی سیکیورٹی سخت کر دی اور داخلی راستوں پر کنٹینر لگا دیے گئے۔ وزیر داخلہ نے کہا کہ امن و امان برقرار رکھنے کے لیے تمام اقدامات کیے جائیں گے، رینجرز اور پولیس کے اہلکار شہر کے مختلف مقامات پر تعینات ہیں جبکہ موبائل سروس بعض علاقوں میں معطل رہی۔ سیاسی جماعتوں کے رہنماؤں نے مذاکرات پر زور دیا اور کہا کہ تمام معاملات آئین اور قانون کے مطابق حل کیے جائیں، شہریوں کو آمد و رفت میں مشکلات کا سامنا کرنا پڑا اور تعلیمی ادارے بند رہے۔ اسلام آباد (نمائندہ خصوصی) احتجاج کے دوران ڈی چوک اور اطراف میں پولیس اور مظاہرین کے درمیان جھڑپیں ہوئیں، حکومت نے شہر کی سیکیورٹی سخت کر دی اور داخلی راستوں پر کنٹینر لگا دیے گئے۔ وزیر داخلہ نے کہا کہ امن و امان برقرار رکھنے کے لیے تمام اقدامات کیے جائیں گے، رینجرز اور پولیس کے اہلکار شہر کے مختلف مقامات پر تعینات ہیں جبکہ موبائل سروس بعض علاقوں میں معطل رہی۔ سیاسی جماعتوں کے رہنماؤں نے مذاکرات پر زور دیا اور کہا کہ تمام معاملات آئین اور قانون کے مطابق حل کیے جائیں، شہریوں کو آمد و رفت میں مشکلات کا سامنا کرنا پڑا اور تعلیمی ادارے بند رہے۔
29
تجویز
اسلام آباد (نمائندہ خصوصی) احتجاج کے دوران ڈی چوک اور اطراف میں پولیس اور مظاہرین کے درمیان جھڑپیں ہوئیں، حکومت نے شہر کی سیکیورٹی سخت کر دی اور داخلی راستوں پر کنٹینر لگا دیے گئے۔ وزیر داخلہ نے کہا کہ امن و امان برقرار رکھنے کے لیے تمام اقدامات کیے جائیں گے، رینجرز اور پولیس کے اہلکار شہر کے مختلف مقامات پر تعینات ہیں جبکہ موبائل سروس بعض علاقوں میں معطل رہی۔ سیاسی جماعتوں کے رہنماؤں نے مذاکرات پر زور دیا اور کہا کہ تمام معاملات آئین اور قانون کے مطابق حل کیے جائیں، شہریوں کو آمد و رفت میں مشکلات کا سامنا کرنا پڑا اور تعلیمی ادارے بند رہے۔ اسلام آباد (نمائندہ خصوصی) احتجاج کے دوران ڈی چوک اور اطراف میں پولیس اور مظاہرین کے درمیان جھڑپیں ہوئیں، حکومت نے شہر کی سیکیورٹی سخت کر دی اور داخلی راستوں پر کنٹینر لگا دیے گئے۔ وزیر داخلہ نے کہا کہ امن و امان برقرار رکھنے کے لیے تمام اقدامات کیے جائیں گے، رینجرز اور پولیس کے اہلکار شہر کے مختلف مقامات پر تعینات ہیں جبکہ موبائل سروس بعض علاقوں میں معطل رہی۔ سیاسی جماعتوں کے رہنماؤں نے مذاکرات پر زور دیا اور کہا کہ تمام معاملات آئین اور قانون کے مطابق حل کیے جائیں، شہریوں کو آمد و رفت میں مشکلات کا سامنا کرنا پڑا اور تعلیمی ادارے بند رہے۔
30
تجویز
اسلام آباد (نمائندہ خصوصی) احتجاج کے دوران ڈی چوک اور اطراف میں پولیس اور مظاہرین کے درمیان جھڑپیں ہوئیں، حکومت نے شہر کی سیکیورٹی سخت کر دی اور داخلی راستوں پر کنٹینر لگا دیے گئے۔ وزیر داخلہ نے کہا کہ امن و امان برقرار رکھنے کے لیے تمام اقدامات کیے جائیں گے، رینجرز اور پولیس کے اہلکار شہر کے مختلف مقامات پر تعینات ہیں جبکہ موبائل سروس بعض علاقوں میں معطل رہی۔ سیاسی جماعتوں کے رہنماؤں نے مذاکرات پر زور دیا اور کہا کہ تمام معاملات آئین اور قانون کے مطابق حل کیے جائیں، شہریوں کو آمد و رفت میں مشکلات کا سامنا کرنا پڑا اور تعلیمی ادارے بند رہے۔ اسلام آباد (نمائندہ خصوصی) احتجاج کے دوران ڈی چوک اور اطراف میں پولیس اور مظاہرین کے درمیان جھڑپیں ہوئیں، حکومت نے شہر کی سیکیورٹی سخت کر دی اور داخلی راستوں پر کنٹینر لگا دیے گئے۔ وزیر داخلہ نے کہا کہ امن و امان برقرار رکھنے کے لیے تمام اقدامات کیے جائیں گے، رینجرز اور پولیس کے اہلکار شہر کے مختلف مقامات پر تعینات ہیں جبکہ موبائل سروس بعض علاقوں میں معطل رہی۔ سیاسی جماعتوں کے رہنماؤں نے مذاکرات پر زور دیا اور کہا کہ تمام معاملات آئین اور قانون کے مطابق حل کیے جائیں، شہریوں کو آمد و رفت میں مشکلات کا سامنا کرنا پڑا اور تعلیمی ادارے بند رہے۔
31
تجویز
اسلام آباد (نمائندہ خصوصی) احتجاج کے دوران ڈی چوک اور اطراف میں پولیس اور مظاہرین کے درمیان جھڑپیں ہوئیں، حکومت نے شہر کی سیکیورٹی سخت کر دی اور داخلی راستوں پر کنٹینر لگا دیے گئے۔ وزیر داخلہ نے کہا کہ امن و امان برقرار رکھنے کے لیے تمام اقدامات کیے جائیں گے، رینجرز اور پولیس کے اہلکار شہر کے مختلف مقامات پر تعینات ہیں جبکہ موبائل سروس بعض علاقوں میں معطل رہی۔ سیاسی جماعتوں کے رہنماؤں نے مذاکرات پر زور دیا اور کہا کہ تمام معاملات آئین اور قانون کے مطابق حل کیے جائیں، شہریوں کو آمد و رفت میں مشکلات کا سامنا کرنا پڑا اور تعلیمی ادارے بند رہے۔ اسلام آباد (نمائندہ خصوصی) احتجاج کے دوران ڈی چوک اور اطراف میں پولیس اور مظاہرین کے درمیان جھڑپیں ہوئیں، حکومت نے شہر کی سیکیورٹی سخت کر دی اور داخلی راستوں پر کنٹینر لگا دیے گئے۔ وزیر داخلہ نے کہا کہ امن و امان برقرار رکھنے کے لیے تمام اقدامات کیے جائیں گے، رینجرز اور پولیس کے اہلکار شہر کے مختلف مقامات پر تعینات ہیں جبکہ موبائل سروس بعض علاقوں میں معطل رہی۔ سیاسی جماعتوں کے رہنماؤں نے مذاکرات پر زور دیا اور کہا کہ تمام معاملات آئین اور قانون کے مطابق حل کیے جائیں، شہریوں کو آمد و رفت میں مشکلات کا سامنا کرنا پڑا اور تعلیمی ادارے بند رہے۔
32
تجویز
اسلام آباد (نمائندہ خصوصی) احتجاج کے دوران ڈی چوک اور اطراف میں پولیس اور مظاہرین کے درمیان جھڑپیں ہوئیں، حکومت نے شہر کی سیکیورٹی سخت کر دی اور داخلی راستوں پر کنٹینر لگا دیے گئے۔ وزیر داخلہ نے کہا کہ امن و امان برقرار رکھنے کے لیے تمام اقدامات کیے جائیں گے، رینجرز اور پولیس کے اہلکار شہر کے مختلف مقامات پر تعینات ہیں جبکہ موبائل سروس بعض علاقوں میں معطل رہی۔ سیاسی جماعتوں کے رہنماؤں نے مذاکرات پر زور دیا اور کہا کہ تمام معاملات آئین اور قانون کے مطابق حل کیے جائیں، شہریوں کو آمد و رفت میں مشکلات کا سامنا کرنا پڑا اور تعلیمی ادارے بند رہے۔ اسلام آباد (نمائندہ خصوصی) احتجاج کے دوران ڈی چوک اور اطراف میں پولیس اور مظاہرین کے درمیان جھڑپیں ہوئیں، حکومت نے شہر کی سیکیورٹی سخت کر دی اور داخلی راستوں پر کنٹینر لگا دیے گئے۔ وزیر داخلہ نے کہا کہ امن و امان برقرار رکھنے کے لیے تمام اقدامات کیے جائیں گے، رینجرز اور پولیس کے اہلکار شہر کے مختلف مقامات پر تعینات ہیں جبکہ موبائل سروس بعض علاقوں میں معطل رہی۔ سیاسی جماعتوں کے رہنماؤں نے مذاکرات پر زور دیا اور کہا کہ تمام معاملات آئین اور قانون کے مطابق حل کیے جائیں، شہریوں کو آمد و رفت میں مشکلات کا سامنا کرنا پڑا اور تعلیمی ادارے بند رہے۔
33
تجویز
اسلام آباد (نمائندہ خصوصی) احتجاج کے دوران ڈی چوک اور اطراف میں پولیس اور مظاہرین کے درمیان جھڑپیں ہوئیں، حکومت نے شہر کی سیکیورٹی سخت کر دی اور داخلی راستوں پر کنٹینر لگا دیے گئے۔ وزیر داخلہ نے کہا کہ امن و امان برقرار رکھنے کے لیے تمام اقدامات کیے جائیں گے، رینجرز اور پولیس کے اہلکار شہر کے مختلف مقامات پر تعینات ہیں جبکہ موبائل سروس بعض علاقوں میں معطل رہی۔ سیاسی جماعتوں کے رہنماؤں نے مذاکرات پر زور دیا اور کہا کہ تمام معاملات آئین اور قانون کے مطابق حل کیے جائیں، شہریوں کو آمد و رفت میں مشکلات کا سامنا کرنا پڑا اور تعلیمی ادارے بند رہے۔ اسلام آباد (نمائندہ خصوصی) احتجاج کے دوران ڈی چوک اور اطراف میں پولیس اور مظاہرین کے درمیان جھڑپیں ہوئیں، حکومت نے شہر کی سیکیورٹی سخت کر دی اور داخلی راستوں پر کنٹینر لگا دیے گئے۔ وزیر داخلہ نے کہا کہ امن و امان برقرار رکھنے کے لیے تمام اقدامات کیے جائیں گے، رینجرز اور پولیس کے اہلکار شہر کے مختلف مقامات پر تعینات ہیں جبکہ موبائل سروس بعض علاقوں میں معطل رہی۔ سیاسی جماعتوں کے رہنماؤں نے مذاکرات پر زور دیا اور کہا کہ تمام معاملات آئین اور قانون کے مطابق حل کیے جائیں، شہریوں کو آمد و رفت میں مشکلات کا سامنا کرنا پڑا اور تعلیمی ادارے بند رہے۔
34
تجویز
اسلام آباد (نمائندہ خصوصی) احتجاج کے دوران ڈی چوک اور اطراف میں پولیس اور مظاہرین کے درمیان جھڑپیں ہوئیں، حکومت نے شہر کی سیکیورٹی سخت کر دی اور داخلی راستوں پر کنٹینر لگا دیے گئے۔ وزیر داخلہ نے کہا کہ امن و امان برقرار رکھنے کے لیے تمام اقدامات کیے جائیں گے، رینجرز اور پولیس کے اہلکار شہر کے مختلف مقامات پر تعینات ہیں جبکہ موبائل سروس بعض علاقوں میں معطل رہی۔ سیاسی جماعتوں کے رہنماؤں نے مذاکرات پر زور دیا اور کہا کہ تمام معاملات آئین اور قانون کے مطابق حل کیے جائیں، شہریوں کو آمد و رفت میں مشکلات کا سامنا کرنا پڑا اور تعلیمی ادارے بند رہے۔ اسلام آباد (نمائندہ خصوصی) احتجاج کے دوران ڈی چوک اور اطراف میں پولیس اور مظاہرین کے درمیان جھڑپیں ہوئیں، حکومت نے شہر کی سیکیورٹی سخت کر دی اور داخلی راستوں پر کنٹینر لگا دیے گئے۔ وزیر داخلہ نے کہا کہ امن و امان برقرار رکھنے کے لیے تمام اقدامات کیے جائیں گے، رینجرز اور پولیس کے اہلکار شہر کے مختلف مقامات پر تعینات ہیں جبکہ موبائل سروس بعض علاقوں میں معطل رہی۔ سیاسی جماعتوں کے رہنماؤں نے مذاکرات پر زور دیا اور کہا کہ تمام معاملات آئین اور قانون کے مطابق حل کیے جائیں، شہریوں کو آمد و رفت میں مشکلات کا سامنا کرنا پڑا اور تعلیمی ادارے بند رہے۔
35
تجویز
اسلام آباد (نمائندہ خصوصی) احتجاج کے دوران ڈی چوک اور اطراف میں پولیس اور مظاہرین کے درمیان جھڑپیں ہوئیں، حکومت نے شہر کی سیکیورٹی سخت کر دی اور داخلی راستوں پر کنٹینر لگا دیے گئے۔ وزیر داخلہ نے کہا کہ امن و امان برقرار رکھنے کے لیے تمام اقدامات کیے جائیں گے، رینجرز اور پولیس کے اہلکار شہر کے مختلف مقامات پر تعینات ہیں جبکہ موبائل سروس بعض علاقوں میں معطل رہی۔ سیاسی جماعتوں کے رہنماؤں نے مذاکرات پر زور دیا اور کہا کہ تمام معاملات آئین اور قانون کے مطابق حل کیے جائیں، شہریوں کو آمد و رفت میں مشکلات کا سامنا کرنا پڑا اور تعلیمی ادارے بند رہے۔ اسلام آباد (نمائندہ خصوصی) احتجاج کے دوران ڈی چوک اور اطراف میں پولیس اور مظاہرین کے درمیان جھڑپیں ہوئیں، حکومت نے شہر کی سیکیورٹی سخت کر دی اور داخلی راستوں پر کنٹینر لگا دیے گئے۔ وزیر داخلہ نے کہا کہ امن و امان برقرار رکھنے کے لیے تمام اقدامات کیے جائیں گے، رینجرز اور پولیس کے اہلکار شہر کے مختلف مقامات پر تعینات ہیں جبکہ موبائل سروس بعض علاقوں میں معطل رہی۔ سیاسی جماعتوں کے رہنماؤں نے مذاکرات پر زور دیا اور کہا کہ تمام معاملات آئین اور قانون کے مطابق حل کیے جائیں، شہریوں کو آمد و رفت میں مشکلات کا سامنا کرنا پڑا اور تعلیمی ادارے بند رہے۔
36
تجویز
اسلام آباد (نمائندہ خصوصی) احتجاج کے دوران ڈی چوک اور اطراف میں پولیس اور مظاہرین کے درمیان جھڑپیں ہوئیں، حکومت نے شہر کی سیکیورٹی سخت کر دی اور داخلی راستوں پر کنٹینر لگا دیے گئے۔ وزیر داخلہ نے کہا کہ امن و امان برقرار رکھنے کے لیے تمام اقدامات کیے جائیں گے، رینجرز اور پولیس کے اہلکار شہر کے مختلف مقامات پر تعینات ہیں جبکہ موبائل سروس بعض علاقوں میں معطل رہی۔ سیاسی جماعتوں کے رہنماؤں نے مذاکرات پر زور دیا اور کہا کہ تمام معاملات آئین اور قانون کے مطابق حل کیے جائیں، شہریوں کو آمد و رفت میں مشکلات کا سامنا کرنا پڑا اور تعلیمی ادارے بند رہے۔ اسلام آباد (نمائندہ خصوصی) احتجاج کے دوران ڈی چوک اور اطراف میں پولیس اور مظاہرین کے درمیان جھڑپیں ہوئیں، حکومت نے شہر کی سیکیورٹی سخت کر دی اور داخلی راستوں پر کنٹینر لگا دیے گئے۔ وزیر داخلہ نے کہا کہ امن و امان برقرار رکھنے کے لیے تمام اقدامات کیے جائیں گے، رینجرز اور پولیس کے اہلکار شہر کے مختلف مقامات پر تعینات ہیں جبکہ موبائل سروس بعض علاقوں میں معطل رہی۔ سیاسی جماعتوں کے رہنماؤں نے مذاکرات پر زور دیا اور کہا کہ تمام معاملات آئین اور قانون کے مطابق حل کیے جائیں، شہریوں کو آمد و رفت میں مشکلات کا سامنا کرنا پڑا اور تعلیمی ادارے بند رہے۔
37
تجویز
اسلام آباد (نمائندہ خصوصی) احتجاج کے دوران ڈی چوک اور اطراف میں پولیس اور مظاہرین کے درمیان جھڑپیں ہوئیں، حکومت نے شہر کی سیکیورٹی سخت کر دی اور داخلی راستوں پر کنٹینر لگا دیے گئے۔ وزیر داخلہ نے کہا کہ امن و امان برقرار رکھنے کے لیے تمام اقدامات کیے جائیں گے، رینجرز اور پولیس کے اہلکار شہر کے مختلف مقامات پر تعینات ہیں جبکہ موبائل سروس بعض علاقوں میں معطل رہی۔ سیاسی جماعتوں کے رہنماؤں نے مذاکرات پر زور دیا اور کہا کہ تمام معاملات آئین اور قانون کے مطابق حل کیے جائیں، شہریوں کو آمد و رفت میں مشکلات کا سامنا کرنا پڑا اور تعلیمی ادارے بند رہے۔ اسلام آباد (نمائندہ خصوصی) احتجاج کے دوران ڈی چوک اور اطراف میں پولیس اور مظاہرین کے درمیان جھڑپیں ہوئیں، حکومت نے شہر کی سیکیورٹی سخت کر دی اور داخلی راستوں پر کنٹینر لگا دیے گئے۔ وزیر داخلہ نے کہا کہ امن و امان برقرار رکھنے کے لیے تمام اقدامات کیے جائیں گے، رینجرز اور پولیس کے اہلکار شہر کے مختلف مقامات پر تعینات ہیں جبکہ موبائل سروس بعض علاقوں میں معطل رہی۔ سیاسی جماعتوں کے رہنماؤں نے مذاکرات پر زور دیا اور کہا کہ تمام معاملات آئین اور قانون کے مطابق حل کیے جائیں، شہریوں کو آمد و رفت میں مشکلات کا سامنا کرنا پڑا اور تعلیمی ادارے بند رہے۔
38
تجویز
اسلام آباد (نمائندہ خصوصی) احتجاج کے دوران ڈی چوک اور اطراف میں پولیس اور مظاہرین کے درمیان جھڑپیں ہوئیں، حکومت نے شہر کی سیکیورٹی سخت کر دی اور داخلی راستوں پر کنٹینر لگا دیے گئے۔ وزیر داخلہ نے کہا کہ امن و امان برقرار رکھنے کے لیے تمام اقدامات کیے جائیں گے، رینجرز اور پولیس کے اہلکار شہر کے مختلف مقامات پر تعینات ہیں جبکہ موبائل سروس بعض علاقوں میں معطل رہی۔ سیاسی جماعتوں کے رہنماؤں نے مذاکرات پر زور دیا اور کہا کہ تمام معاملات آئین اور قانون کے مطابق حل کیے جائیں، شہریوں کو آمد و رفت میں مشکلات کا سامنا کرنا پڑا اور تعلیمی ادارے بند رہے۔ اسلام آباد (نمائندہ خصوصی) احتجاج کے دوران ڈی چوک اور اطراف میں پولیس اور مظاہرین کے درمیان جھڑپیں ہوئیں، حکومت نے شہر کی سیکیورٹی سخت کر دی اور داخلی راستوں پر کنٹینر لگا دیے گئے۔ وزیر داخلہ نے کہا کہ امن و امان برقرار رکھنے کے لیے تمام اقدامات کیے جائیں گے، رینجرز اور پولیس کے اہلکار شہر کے مختلف مقامات پر تعینات ہیں جبکہ موبائل سروس بعض علاقوں میں معطل رہی۔ سیاسی جماعتوں کے رہنماؤں نے مذاکرات پر زور دیا اور کہا کہ تمام معاملات آئین اور قانون کے مطابق حل کیے جائیں، شہریوں کو آمد و رفت میں مشکلات کا سامنا کرنا پڑا اور تعلیمی ادارے بند رہے۔
39
تجویز
اسلام آباد (نمائندہ خصوصی) احتجاج کے دوران ڈی چوک اور اطراف میں پولیس اور مظاہرین کے درمیان جھڑپیں ہوئیں، حکومت نے شہر کی سیکیورٹی سخت کر دی اور داخلی راستوں پر کنٹینر لگا دیے گئے۔ وزیر داخلہ نے کہا کہ امن و امان برقرار رکھنے کے لیے تمام اقدامات کیے جائیں گے، رینجرز اور پولیس کے اہلکار شہر کے مختلف مقامات پر تعینات ہیں جبکہ موبائل سروس بعض علاقوں میں معطل رہی۔ سیاسی جماعتوں کے رہنماؤں نے مذاکرات پر زور دیا اور کہا کہ تمام معاملات آئین اور قانون کے مطابق حل کیے جائیں، شہریوں کو آمد و رفت میں مشکلات کا سامنا کرنا پڑا اور تعلیمی ادارے بند رہے۔ اسلام آباد (نمائندہ خصوصی) احتجاج کے دوران ڈی چوک اور اطراف میں پولیس اور مظاہرین کے درمیان جھڑپیں ہوئیں، حکومت نے شہر کی سیکیورٹی سخت کر دی اور داخلی راستوں پر کنٹینر لگا دیے گئے۔ وزیر داخلہ نے کہا کہ امن و امان برقرار رکھنے کے لیے تمام اقدامات کیے جائیں گے، رینجرز اور پولیس کے اہلکار شہر کے مختلف مقامات پر تعینات ہیں جبکہ موبائل سروس بعض علاقوں میں معطل رہی۔ سیاسی جماعتوں کے رہنماؤں نے مذاکرات پر زور دیا اور کہا کہ تمام معاملات آئین اور قانون کے مطابق حل کیے جائیں، شہریوں کو آمد و رفت میں مشکلات کا سامنا کرنا پڑا اور تعلیمی ادارے بند رہے۔
40
تجویز
اسلام آباد (نمائندہ خصوصی) احتجاج کے دوران ڈی چوک اور اطراف میں پولیس اور مظاہرین کے درمیان جھڑپیں ہوئیں، حکومت نے شہر کی سیکیورٹی سخت کر دی اور داخلی راستوں پر کنٹینر لگا دیے گئے۔ وزیر داخلہ نے کہا کہ امن و امان برقرار رکھنے کے لیے تمام اقدامات کیے جائیں گے، رینجرز اور پولیس کے اہلکار شہر کے مختلف مقامات پر تعینات ہیں جبکہ موبائل سروس بعض علاقوں میں معطل رہی۔ سیاسی جماعتوں کے رہنماؤں نے مذاکرات پر زور دیا اور کہا کہ تمام معاملات آئین اور قانون کے مطابق حل کیے جائیں، شہریوں کو آمد و رفت میں مشکلات کا سامنا کرنا پڑا اور تعلیمی ادارے بند رہے۔ اسلام آباد (نمائندہ خصوصی) احتجاج کے دوران ڈی چوک اور اطراف میں پولیس اور مظاہرین کے درمیان جھڑپیں ہوئیں، حکومت نے شہر کی سیکیورٹی سخت کر دی اور داخلی راستوں پر کنٹینر لگا دیے گئے۔ وزیر داخلہ نے کہا کہ امن و امان برقرار رکھنے کے لیے تمام اقدامات کیے جائیں گے، رینجرز اور پولیس کے اہلکار شہر کے مختلف مقامات پر تعینات ہیں جبکہ موبائل سروس بعض علاقوں میں معطل رہی۔ سیاسی جماعتوں کے رہنماؤں نے مذاکرات پر زور دیا اور کہا کہ تمام معاملات آئین اور قانون کے مطابق حل کیے جائیں، شہریوں کو آمد و رفت میں مشکلات کا سامنا کرنا پڑا اور تعلیمی ادارے بند رہے۔
41
تجویز
اسلام آباد (نمائندہ خصوصی) احتجاج کے دوران ڈی چوک اور اطراف میں پولیس اور مظاہرین کے درمیان جھڑپیں ہوئیں، حکومت نے شہر کی سیکیورٹی سخت کر دی اور داخلی راستوں پر کنٹینر لگا دیے گئے۔ وزیر داخلہ نے کہا کہ امن و امان برقرار رکھنے کے لیے تمام اقدامات کیے جائیں گے، رینجرز اور پولیس کے اہلکار شہر کے مختلف مقامات پر تعینات ہیں جبکہ موبائل سروس بعض علاقوں میں معطل رہی۔ سیاسی جماعتوں کے رہنماؤں نے مذاکرات پر زور دیا اور کہا کہ تمام معاملات آئین اور قانون کے مطابق حل کیے جائیں، شہریوں کو آمد و رفت میں مشکلات کا سامنا کرنا پڑا اور تعلیمی ادارے بند رہے۔ اسلام آباد (نمائندہ خصوصی) احتجاج کے دوران ڈی چوک اور اطراف میں پولیس اور مظاہرین کے درمیان جھڑپیں ہوئیں، حکومت نے شہر کی سیکیورٹی سخت کر دی اور داخلی راستوں پر کنٹینر لگا دیے گئے۔ وزیر داخلہ نے کہا کہ امن و امان برقرار رکھنے کے لیے تمام اقدامات کیے جائیں گے، رینجرز اور پولیس کے اہلکار شہر کے مختلف مقامات پر تعینات ہیں جبکہ موبائل سروس بعض علاقوں میں معطل رہی۔ سیاسی جماعتوں کے رہنماؤں نے مذاکرات پر زور دیا اور کہا کہ تمام معاملات آئین اور قانون کے مطابق حل کیے جائیں، شہریوں کو آمد و رفت میں مشکلات کا سامنا کرنا پڑا اور تعلیمی ادارے بند رہے۔
42
تجویز
اسلام آباد (نمائندہ خصوصی) احتجاج کے دوران ڈی چوک اور اطراف میں پولیس اور مظاہرین کے درمیان جھڑپیں ہوئیں، حکومت نے شہر کی سیکیورٹی سخت کر دی اور داخلی راستوں پر کنٹینر لگا دیے گئے۔ وزیر داخلہ نے کہا کہ امن و امان برقرار رکھنے کے لیے تمام اقدامات کیے جائیں گے، رینجرز اور پولیس کے اہلکار شہر کے مختلف مقامات پر تعینات ہیں جبکہ موبائل سروس بعض علاقوں میں معطل رہی۔ سیاسی جماعتوں کے رہنماؤں نے مذاکرات پر زور دیا اور کہا کہ تمام معاملات آئین اور قانون کے مطابق حل کیے جائیں، شہریوں کو آمد و رفت میں مشکلات کا سامنا کرنا پڑا اور تعلیمی ادارے بند رہے۔ اسلام آباد (نمائندہ خصوصی) احتجاج کے دوران ڈی چوک اور اطراف میں پولیس اور مظاہرین کے درمیان جھڑپیں ہوئیں، حکومت نے شہر کی سیکیورٹی سخت کر دی اور داخلی راستوں پر کنٹینر لگا دیے گئے۔ وزیر داخلہ نے کہا کہ امن و امان برقرار رکھنے کے لیے تمام اقدامات کیے جائیں گے، رینجرز اور پولیس کے اہلکار شہر کے مختلف مقامات پر تعینات ہیں جبکہ موبائل سروس بعض علاقوں میں معطل رہی۔ سیاسی جماعتوں کے رہنماؤں نے مذاکرات پر زور دیا اور کہا کہ تمام معاملات آئین اور قانون کے مطابق حل کیے جائیں، شہریوں کو آمد و رفت میں مشکلات کا سامنا کرنا پڑا اور تعلیمی ادارے بند رہے۔
43
تجویز
اسلام آباد (نمائندہ خصوصی) احتجاج کے دوران ڈی چوک اور اطراف میں پولیس اور مظاہرین کے درمیان جھڑپیں ہوئیں، حکومت نے شہر کی سیکیورٹی سخت کر دی اور داخلی راستوں پر کنٹینر لگا دیے گئے۔ وزیر داخلہ نے کہا کہ امن و امان برقرار رکھنے کے لیے تمام اقدامات کیے جائیں گے، رینجرز اور پولیس کے اہلکار شہر کے مختلف مقامات پر تعینات ہیں جبکہ موبائل سروس بعض علاقوں میں معطل رہی۔ سیاسی جماعتوں کے رہنماؤں نے مذاکرات پر زور دیا اور کہا کہ تمام معاملات آئین اور قانون کے مطابق حل کیے جائیں، شہریوں کو آمد و رفت میں مشکلات کا سامنا کرنا پڑا اور تعلیمی ادارے بند رہے۔ اسلام آباد (نمائندہ خصوصی) احتجاج کے دوران ڈی چوک اور اطراف میں پولیس اور مظاہرین کے درمیان جھڑپیں ہوئیں، حکومت نے شہر کی سیکیورٹی سخت کر دی اور داخلی راستوں پر کنٹینر لگا دیے گئے۔ وزیر داخلہ نے کہا کہ امن و امان برقرار رکھنے کے لیے تمام اقدامات کیے جائیں گے، رینجرز اور پولیس کے اہلکار شہر کے مختلف مقامات پر تعینات ہیں جبکہ موبائل سروس بعض علاقوں میں معطل رہی۔ سیاسی جماعتوں کے رہنماؤں نے مذاکرات پر زور دیا اور کہا کہ تمام معاملات آئین اور قانون کے مطابق حل کیے جائیں، شہریوں کو آمد و رفت میں مشکلات کا سامنا کرنا پڑا اور تعلیمی ادارے بند رہے۔
44
تجویز
اسلام آباد (نمائندہ خصوصی) احتجاج کے دوران ڈی چوک اور اطراف میں پولیس اور مظاہرین کے درمیان جھڑپیں ہوئیں، حکومت نے شہر کی سیکیورٹی سخت کر دی اور داخلی راستوں پر کنٹینر لگا دیے گئے۔ وزیر داخلہ نے کہا کہ امن و امان برقرار رکھنے کے لیے تمام اقدامات کیے جائیں گے، رینجرز اور پولیس کے اہلکار شہر کے مختلف مقامات پر تعینات ہیں جبکہ موبائل سروس بعض علاقوں میں معطل رہی۔ سیاسی جماعتوں کے رہنماؤں نے مذاکرات پر زور دیا اور کہا کہ تمام معاملات آئین اور قانون کے مطابق حل کیے جائیں، شہریوں کو آمد و رفت میں مشکلات کا سامنا کرنا پڑا اور تعلیمی ادارے بند رہے۔ اسلام آباد (نمائندہ خصوصی) احتجاج کے دوران ڈی چوک اور اطراف میں پولیس اور مظاہرین کے درمیان جھڑپیں ہوئیں، حکومت نے شہر کی سیکیورٹی سخت کر دی اور داخلی راستوں پر کنٹینر لگا دیے گئے۔ وزیر داخلہ نے کہا کہ امن و امان برقرار رکھنے کے لیے تمام اقدامات کیے جائیں گے، رینجرز اور پولیس کے اہلکار شہر کے مختلف مقامات پر تعینات ہیں جبکہ موبائل سروس بعض علاقوں میں معطل رہی۔ سیاسی جماعتوں کے رہنماؤں نے مذاکرات پر زور دیا اور کہا کہ تمام معاملات آئین اور قانون کے مطابق حل کیے جائیں، شہریوں کو آمد و رفت میں مشکلات کا سامنا کرنا پڑا اور تعلیمی ادارے بند رہے۔
45
تجویز
اسلام آباد (نمائندہ خصوصی) احتجاج کے دوران ڈی چوک اور اطراف میں پولیس اور مظاہرین کے درمیان جھڑپیں ہوئیں، حکومت نے شہر کی سیکیورٹی سخت کر دی اور داخلی راستوں پر کنٹینر لگا دیے گئے۔ وزیر داخلہ نے کہا کہ امن و امان برقرار رکھنے کے لیے تمام اقدامات کیے جائیں گے، رینجرز اور پولیس کے اہلکار شہر کے مختلف مقامات پر تعینات ہیں جبکہ موبائل سروس بعض علاقوں میں معطل رہی۔ سیاسی جماعتوں کے رہنماؤں نے مذاکرات پر زور دیا اور کہا کہ تمام معاملات آئین اور قانون کے مطابق حل کیے جائیں، شہریوں کو آمد و رفت میں مشکلات کا سامنا کرنا پڑا اور تعلیمی ادارے بند رہے۔ اسلام آباد (نمائندہ خصوصی) احتجاج کے دوران ڈی چوک اور اطراف میں پولیس اور مظاہرین کے درمیان جھڑپیں ہوئیں، حکومت نے شہر کی سیکیورٹی سخت کر دی اور داخلی راستوں پر کنٹینر لگا دیے گئے۔ وزیر داخلہ نے کہا کہ امن و امان برقرار رکھنے کے لیے تمام اقدامات کیے جائیں گے، رینجرز اور پولیس کے اہلکار شہر کے مختلف مقامات پر تعینات ہیں جبکہ موبائل سروس بعض علاقوں میں معطل رہی۔ سیاسی جماعتوں کے رہنماؤں نے مذاکرات پر زور دیا اور کہا کہ تمام معاملات آئین اور قانون کے مطابق حل کیے جائیں، شہریوں کو آمد و رفت میں مشکلات کا سامنا کرنا پڑا اور تعلیمی ادارے بند رہے۔
46
تجویز
اسلام آباد (نمائندہ خصوصی) احتجاج کے دوران ڈی چوک اور اطراف میں پولیس اور مظاہرین کے درمیان جھڑپیں ہوئیں، حکومت نے شہر کی سیکیورٹی سخت کر دی اور داخلی راستوں پر کنٹینر لگا دیے گئے۔ وزیر داخلہ نے کہا کہ امن و امان برقرار رکھنے کے لیے تمام اقدامات کیے جائیں گے، رینجرز اور پولیس کے اہلکار شہر کے مختلف مقامات پر تعینات ہیں جبکہ موبائل سروس بعض علاقوں میں معطل رہی۔ سیاسی جماعتوں کے رہنماؤں نے مذاکرات پر زور دیا اور کہا کہ تمام معاملات آئین اور قانون کے مطابق حل کیے جائیں، شہریوں کو آمد و رفت میں مشکلات کا سامنا کرنا پڑا اور تعلیمی ادارے بند رہے۔ اسلام آباد (نمائندہ خصوصی) احتجاج کے دوران ڈی چوک اور اطراف میں پولیس اور مظاہرین کے درمیان جھڑپیں ہوئیں، حکومت نے شہر کی سیکیورٹی سخت کر دی اور داخلی راستوں پر کنٹینر لگا دیے گئے۔ وزیر داخلہ نے کہا کہ امن و امان برقرار رکھنے کے لیے تمام اقدامات کیے جائیں گے، رینجرز اور پولیس کے اہلکار شہر کے مختلف مقامات پر تعینات ہیں جبکہ موبائل سروس بعض علاقوں میں معطل رہی۔ سیاسی جماعتوں کے رہنماؤں نے مذاکرات پر زور دیا اور کہا کہ تمام معاملات آئین اور قانون کے مطابق حل کیے جائیں، شہریوں کو آمد و رفت میں مشکلات کا سامنا کرنا پڑا اور تعلیمی ادارے بند رہے۔
47
تجویز
اسلام آباد (نمائندہ خصوصی) احتجاج کے دوران ڈی چوک اور اطراف میں پولیس اور مظاہرین کے درمیان جھڑپیں ہوئیں، حکومت نے شہر کی سیکیورٹی سخت کر دی اور داخلی راستوں پر کنٹینر لگا دیے گئے۔ وزیر داخلہ نے کہا کہ امن و امان برقرار رکھنے کے لیے تمام اقدامات کیے جائیں گے، رینجرز اور پولیس کے اہلکار شہر کے مختلف مقامات پر تعینات ہیں جبکہ موبائل سروس بعض علاقوں میں معطل رہی۔ سیاسی جماعتوں کے رہنماؤں نے مذاکرات پر زور دیا اور کہا کہ تمام معاملات آئین اور قانون کے مطابق حل کیے جائیں، شہریوں کو آمد و رفت میں مشکلات کا سامنا کرنا پڑا اور تعلیمی ادارے بند رہے۔ اسلام آباد (نمائندہ خصوصی) احتجاج کے دوران ڈی چوک اور اطراف میں پولیس اور مظاہرین کے درمیان جھڑپیں ہوئیں، حکومت نے شہر کی سیکیورٹی سخت کر دی اور داخلی راستوں پر کنٹینر لگا دیے گئے۔ وزیر داخلہ نے کہا کہ امن و امان برقرار رکھنے کے لیے تمام اقدامات کیے جائیں گے، رینجرز اور پولیس کے اہلکار شہر کے مختلف مقامات پر تعینات ہیں جبکہ موبائل سروس بعض علاقوں میں معطل رہی۔ سیاسی جماعتوں کے رہنماؤں نے مذاکرات پر زور دیا اور کہا کہ تمام معاملات آئین اور قانون کے مطابق حل کیے جائیں، شہریوں کو آمد و رفت میں مشکلات کا سامنا کرنا پڑا اور تعلیمی ادارے بند رہے۔
48
تجویز
اسلام آباد (نمائندہ خصوصی) احتجاج کے دوران ڈی چوک اور اطراف میں پولیس اور مظاہرین کے درمیان جھڑپیں ہوئیں، حکومت نے شہر کی سیکیورٹی سخت کر دی اور داخلی راستوں پر کنٹینر لگا دیے گئے۔ وزیر داخلہ نے کہا کہ امن و امان برقرار رکھنے کے لیے تمام اقدامات کیے جائیں گے، رینجرز اور پولیس کے اہلکار شہر کے مختلف مقامات پر تعینات ہیں جبکہ موبائل سروس بعض علاقوں میں معطل رہی۔ سیاسی جماعتوں کے رہنماؤں نے مذاکرات پر زور دیا اور کہا کہ تمام معاملات آئین اور قانون کے مطابق حل کیے جائیں، شہریوں کو آمد و رفت میں مشکلات کا سامنا کرنا پڑا اور تعلیمی ادارے بند رہے۔ اسلام آباد (نمائندہ خصوصی) احتجاج کے دوران ڈی چوک اور اطراف میں پولیس اور مظاہرین کے درمیان جھڑپیں ہوئیں، حکومت نے شہر کی سیکیورٹی سخت کر دی اور داخلی راستوں پر کنٹینر لگا دیے گئے۔ وزیر داخلہ نے کہا کہ امن و امان برقرار رکھنے کے لیے تمام اقدامات کیے جائیں گے، رینجرز اور پولیس کے اہلکار شہر کے مختلف مقامات پر تعینات ہیں جبکہ موبائل سروس بعض علاقوں میں معطل رہی۔ سیاسی جماعتوں کے رہنماؤں نے مذاکرات پر زور دیا اور کہا کہ تمام معاملات آئین اور قانون کے مطابق حل کیے جائیں، شہریوں کو آمد و رفت میں مشکلات کا سامنا کرنا پڑا اور تعلیمی ادارے بند رہے۔
49
تجویز
اسلام آباد (نمائندہ خصوصی) احتجاج کے دوران ڈی چوک اور اطراف میں پولیس اور مظاہرین کے درمیان جھڑپیں ہوئیں، حکومت نے شہر کی سیکیورٹی سخت کر دی اور داخلی راستوں پر کنٹینر لگا دیے گئے۔ وزیر داخلہ نے کہا کہ امن و امان برقرار رکھنے کے لیے تمام اقدامات کیے جائیں گے، رینجرز اور پولیس کے اہلکار شہر کے مختلف مقامات پر تعینات ہیں جبکہ موبائل سروس بعض علاقوں میں معطل رہی۔ سیاسی جماعتوں کے رہنماؤں نے مذاکرات پر زور دیا اور کہا کہ تمام معاملات آئین اور قانون کے مطابق حل کیے جائیں، شہریوں کو آمد و رفت میں مشکلات کا سامنا کرنا پڑا اور تعلیمی ادارے بند رہے۔ اسلام آباد (نمائندہ خصوصی) احتجاج کے دوران ڈی چوک اور اطراف میں پولیس اور مظاہرین کے درمیان جھڑپیں ہوئیں، حکومت نے شہر کی سیکیورٹی سخت کر دی اور داخلی راستوں پر کنٹینر لگا دیے گئے۔ وزیر داخلہ نے کہا کہ امن و امان برقرار رکھنے کے لیے تمام اقدامات کیے جائیں گے، رینجرز اور پولیس کے اہلکار شہر کے مختلف مقامات پر تعینات ہیں جبکہ موبائل سروس بعض علاقوں میں معطل رہی۔ سیاسی جماعتوں کے رہنماؤں نے مذاکرات پر زور دیا اور کہا کہ تمام معاملات آئین اور قانون کے مطابق حل کیے جائیں، شہریوں کو آمد و رفت میں مشکلات کا سامنا کرنا پڑا اور تعلیمی ادارے بند رہے۔
50
تجویز
اسلام آباد (نمائندہ خصوصی) احتجاج کے دوران ڈی چوک اور اطراف میں پولیس اور مظاہرین کے درمیان جھڑپیں ہوئیں، حکومت نے شہر کی سیکیورٹی سخت کر دی اور داخلی راستوں پر کنٹینر لگا دیے گئے۔ وزیر داخلہ نے کہا کہ امن و امان برقرار رکھنے کے لیے تمام اقدامات کیے جائیں گے، رینجرز اور پولیس کے اہلکار شہر کے مختلف مقامات پر تعینات ہیں جبکہ موبائل سروس بعض علاقوں میں معطل رہی۔ سیاسی جماعتوں کے رہنماؤں نے مذاکرات پر زور دیا اور کہا کہ تمام معاملات آئین اور قانون کے مطابق حل کیے جائیں، شہریوں کو آمد و رفت میں مشکلات کا سامنا کرنا پڑا اور تعلیمی ادارے بند رہے۔ اسلام آباد (نمائندہ خصوصی) احتجاج کے دوران ڈی چوک اور اطراف میں پولیس اور مظاہرین کے درمیان جھڑپیں ہوئیں، حکومت نے شہر کی سیکیورٹی سخت کر دی اور داخلی راستوں پر کنٹینر لگا دیے گئے۔ وزیر داخلہ نے کہا کہ امن و امان برقرار رکھنے کے لیے تمام اقدامات کیے جائیں گے، رینجرز اور پولیس کے اہلکار شہر کے مختلف مقامات پر تعینات ہیں جبکہ موبائل سروس بعض علاقوں میں معطل رہی۔ سیاسی جماعتوں کے رہنماؤں نے مذاکرات پر زور دیا اور کہا کہ تمام معاملات آئین اور قانون کے مطابق حل کیے جائیں، شہریوں کو آمد و رفت میں مشکلات کا سامنا کرنا پڑا اور تعلیمی ادارے بند رہے۔
51
تجویز
اسلام آباد (نمائندہ خصوصی) احتجاج کے دوران ڈی چوک اور اطراف میں پولیس اور مظاہرین کے درمیان جھڑپیں ہوئیں، حکومت نے شہر کی سیکیورٹی سخت کر دی اور داخلی راستوں پر کنٹینر لگا دیے گئے۔ وزیر داخلہ نے کہا کہ امن و امان برقرار رکھنے کے لیے تمام اقدامات کیے جائیں گے، رینجرز اور پولیس کے اہلکار شہر کے مختلف مقامات پر تعینات ہیں جبکہ موبائل سروس بعض علاقوں میں معطل رہی۔ سیاسی جماعتوں کے رہنماؤں نے مذاکرات پر زور دیا اور کہا کہ تمام معاملات آئین اور قانون کے مطابق حل کیے جائیں، شہریوں کو آمد و رفت میں مشکلات کا سامنا کرنا پڑا اور تعلیمی ادارے بند رہے۔ اسلام آباد (نمائندہ خصوصی) احتجاج کے دوران ڈی چوک اور اطراف میں پولیس اور مظاہرین کے درمیان جھڑپیں ہوئیں، حکومت نے شہر کی سیکیورٹی سخت کر دی اور داخلی راستوں پر کنٹینر لگا دیے گئے۔ وزیر داخلہ نے کہا کہ امن و امان برقرار رکھنے کے لیے تمام اقدامات کیے جائیں گے، رینجرز اور پولیس کے اہلکار شہر کے مختلف مقامات پر تعینات ہیں جبکہ موبائل سروس بعض علاقوں میں معطل رہی۔ سیاسی جماعتوں کے رہنماؤں نے مذاکرات پر زور دیا اور کہا کہ تمام معاملات آئین اور قانون کے مطابق حل کیے جائیں، شہریوں کو آمد و رفت میں مشکلات کا سامنا کرنا پڑا اور تعلیمی ادارے بند رہے۔
52
تجویز
اسلام آباد (نمائندہ خصوصی) احتجاج کے دوران ڈی چوک اور اطراف میں پولیس اور مظاہرین کے درمیان جھڑپیں ہوئیں، حکومت نے شہر کی سیکیورٹی سخت کر دی اور داخلی راستوں پر کنٹینر لگا دیے گئے۔ وزیر داخلہ نے کہا کہ امن و امان برقرار رکھنے کے لیے تمام اقدامات کیے جائیں گے، رینجرز اور پولیس کے اہلکار شہر کے مختلف مقامات پر تعینات ہیں جبکہ موبائل سروس بعض علاقوں میں معطل رہی۔ سیاسی جماعتوں کے رہنماؤں نے مذاکرات پر زور دیا اور کہا کہ تمام معاملات آئین اور قانون کے مطابق حل کیے جائیں، شہریوں کو آمد و رفت میں مشکلات کا سامنا کرنا پڑا اور تعلیمی ادارے بند رہے۔ اسلام آباد (نمائندہ خصوصی) احتجاج کے دوران ڈی چوک اور اطراف میں پولیس اور مظاہرین کے درمیان جھڑپیں ہوئیں، حکومت نے شہر کی سیکیورٹی سخت کر دی اور داخلی راستوں پر کنٹینر لگا دیے گئے۔ وزیر داخلہ نے کہا کہ امن و امان برقرار رکھنے کے لیے تمام اقدامات کیے جائیں گے، رینجرز اور پولیس کے اہلکار شہر کے مختلف مقامات پر تعینات ہیں جبکہ موبائل سروس بعض علاقوں میں معطل رہی۔ سیاسی جماعتوں کے رہنماؤں نے مذاکرات پر زور دیا اور کہا کہ تمام معاملات آئین اور قانون کے مطابق حل کیے جائیں، شہریوں کو آمد و رفت میں مشکلات کا سامنا کرنا پڑا اور تعلیمی ادارے بند رہے۔
53
تجویز
اسلام آباد (نمائندہ خصوصی) احتجاج کے دوران ڈی چوک اور اطراف میں پولیس اور مظاہرین کے درمیان جھڑپیں ہوئیں، حکومت نے شہر کی سیکیورٹی سخت کر دی اور داخلی راستوں پر کنٹینر لگا دیے گئے۔ وزیر داخلہ نے کہا کہ امن و امان برقرار رکھنے کے لیے تمام اقدامات کیے جائیں گے، رینجرز اور پولیس کے اہلکار شہر کے مختلف مقامات پر تعینات ہیں جبکہ موبائل سروس بعض علاقوں میں معطل رہی۔ سیاسی جماعتوں کے رہنماؤں نے مذاکرات پر زور دیا اور کہا کہ تمام معاملات آئین اور قانون کے مطابق حل کیے جائیں، شہریوں کو آمد و رفت میں مشکلات کا سامنا کرنا پڑا اور تعلیمی ادارے بند رہے۔ اسلام آباد (نمائندہ خصوصی) احتجاج کے دوران ڈی چوک اور اطراف میں پولیس اور مظاہرین کے درمیان جھڑپیں ہوئیں، حکومت نے شہر کی سیکیورٹی سخت کر دی اور داخلی راستوں پر کنٹینر لگا دیے گئے۔ وزیر داخلہ نے کہا کہ امن و امان برقرار رکھنے کے لیے تمام اقدامات کیے جائیں گے، رینجرز اور پولیس کے اہلکار شہر کے مختلف مقامات پر تعینات ہیں جبکہ موبائل سروس بعض علاقوں میں معطل رہی۔ سیاسی جماعتوں کے رہنماؤں نے مذاکرات پر زور دیا اور کہا کہ تمام معاملات آئین اور قانون کے مطابق حل کیے جائیں، شہریوں کو آمد و رفت میں مشکلات کا سامنا کرنا پڑا اور تعلیمی ادارے بند رہے۔
54
تجویز
اسلام آباد (نمائندہ خصوصی) احتجاج کے دوران ڈی چوک اور اطراف میں پولیس اور مظاہرین کے درمیان جھڑپیں ہوئیں، حکومت نے شہر کی سیکیورٹی سخت کر دی اور داخلی راستوں پر کنٹینر لگا دیے گئے۔ وزیر داخلہ نے کہا کہ امن و امان برقرار رکھنے کے لیے تمام اقدامات کیے جائیں گے، رینجرز اور پولیس کے اہلکار شہر کے مختلف مقامات پر تعینات ہیں جبکہ موبائل سروس بعض علاقوں میں معطل رہی۔ سیاسی جماعتوں کے رہنماؤں نے مذاکرات پر زور دیا اور کہا کہ تمام معاملات آئین اور قانون کے مطابق حل کیے جائیں، شہریوں کو آمد و رفت میں مشکلات کا سامنا کرنا پڑا اور تعلیمی ادارے بند رہے۔ اسلام آباد (نمائندہ خصوصی) احتجاج کے دوران ڈی چوک اور اطراف میں پولیس اور مظاہرین کے درمیان جھڑپیں ہوئیں، حکومت نے شہر کی سیکیورٹی سخت کر دی اور داخلی راستوں پر کنٹینر لگا دیے گئے۔ وزیر داخلہ نے کہا کہ امن و امان برقرار رکھنے کے لیے تمام اقدامات کیے جائیں گے، رینجرز اور پولیس کے اہلکار شہر کے مختلف مقامات پر تعینات ہیں جبکہ موبائل سروس بعض علاقوں میں معطل رہی۔ سیاسی جماعتوں کے رہنماؤں نے مذاکرات پر زور دیا اور کہا کہ تمام معاملات آئین اور قانون کے مطابق حل کیے جائیں، شہریوں کو آمد و رفت میں مشکلات کا سامنا کرنا پڑا اور تعلیمی ادارے بند رہے۔
55
تجویز
اسلام آباد (نمائندہ خصوصی) احتجاج کے دوران ڈی چوک اور اطراف میں پولیس اور مظاہرین کے درمیان جھڑپیں ہوئیں، حکومت نے شہر کی سیکیورٹی سخت کر دی اور داخلی راستوں پر کنٹینر لگا دیے گئے۔ وزیر داخلہ نے کہا کہ امن و امان برقرار رکھنے کے لیے تمام اقدامات کیے جائیں گے، رینجرز اور پولیس کے اہلکار شہر کے مختلف مقامات پر تعینات ہیں جبکہ موبائل سروس بعض علاقوں میں معطل رہی۔ سیاسی جماعتوں کے رہنماؤں نے مذاکرات پر زور دیا اور کہا کہ تمام معاملات آئین اور قانون کے مطابق حل کیے جائیں، شہریوں کو آمد و رفت میں مشکلات کا سامنا کرنا پڑا اور تعلیمی ادارے بند رہے۔ اسلام آباد (نمائندہ خصوصی) احتجاج کے دوران ڈی چوک اور اطراف میں پولیس اور مظاہرین کے درمیان جھڑپیں ہوئیں، حکومت نے شہر کی سیکیورٹی سخت کر دی اور داخلی راستوں پر کنٹینر لگا دیے گئے۔ وزیر داخلہ نے کہا کہ امن و امان برقرار رکھنے کے لیے تمام اقدامات کیے جائیں گے، رینجرز اور پولیس کے اہلکار شہر کے مختلف مقامات پر تعینات ہیں جبکہ موبائل سروس بعض علاقوں میں معطل رہی۔ سیاسی جماعتوں کے رہنماؤں نے مذاکرات پر زور دیا اور کہا کہ تمام معاملات آئین اور قانون کے مطابق حل کیے جائیں، شہریوں کو آمد و رفت میں مشکلات کا سامنا کرنا پڑا اور تعلیمی ادارے بند رہے۔
56
تجویز
اسلام آباد (نمائندہ خصوصی) احتجاج کے دوران ڈی چوک اور اطراف میں پولیس اور مظاہرین کے درمیان جھڑپیں ہوئیں، حکومت نے شہر کی سیکیورٹی سخت کر دی اور داخلی راستوں پر کنٹینر لگا دیے گئے۔ وزیر داخلہ نے کہا کہ امن و امان برقرار رکھنے کے لیے تمام اقدامات کیے جائیں گے، رینجرز اور پولیس کے اہلکار شہر کے مختلف مقامات پر تعینات ہیں جبکہ موبائل سروس بعض علاقوں میں معطل رہی۔ سیاسی جماعتوں کے رہنماؤں نے مذاکرات پر زور دیا اور کہا کہ تمام معاملات آئین اور قانون کے مطابق حل کیے جائیں، شہریوں کو آمد و رفت میں مشکلات کا سامنا کرنا پڑا اور تعلیمی ادارے بند رہے۔ اسلام آباد (نمائندہ خصوصی) احتجاج کے دوران ڈی چوک اور اطراف میں پولیس اور مظاہرین کے درمیان جھڑپیں ہوئیں، حکومت نے شہر کی سیکیورٹی سخت کر دی اور داخلی راستوں پر کنٹینر لگا دیے گئے۔ وزیر داخلہ نے کہا کہ امن و امان برقرار رکھنے کے لیے تمام اقدامات کیے جائیں گے، رینجرز اور پولیس کے اہلکار شہر کے مختلف مقامات پر تعینات ہیں جبکہ موبائل سروس بعض علاقوں میں معطل رہی۔ سیاسی جماعتوں کے رہنماؤں نے مذاکرات پر زور دیا اور کہا کہ تمام معاملات آئین اور قانون کے مطابق حل کیے جائیں، شہریوں کو آمد و رفت میں مشکلات کا سامنا کرنا پڑا اور تعلیمی ادارے بند رہے۔
57
تجویز
اسلام آباد (نمائندہ خصوصی) احتجاج کے دوران ڈی چوک اور اطراف میں پولیس اور مظاہرین کے درمیان جھڑپیں ہوئیں، حکومت نے شہر کی سیکیورٹی سخت کر دی اور داخلی راستوں پر کنٹینر لگا دیے گئے۔ وزیر داخلہ نے کہا کہ امن و امان برقرار رکھنے کے لیے تمام اقدامات کیے جائیں گے، رینجرز اور پولیس کے اہلکار شہر کے مختلف مقامات پر تعینات ہیں جبکہ موبائل سروس بعض علاقوں میں معطل رہی۔ سیاسی جماعتوں کے رہنماؤں نے مذاکرات پر زور دیا اور کہا کہ تمام معاملات آئین اور قانون کے مطابق حل کیے جائیں، شہریوں کو آمد و رفت میں مشکلات کا سامنا کرنا پڑا اور تعلیمی ادارے بند رہے۔ اسلام آباد (نمائندہ خصوصی) احتجاج کے دوران ڈی چوک اور اطراف میں پولیس اور مظاہرین کے درمیان جھڑپیں ہوئیں، حکومت نے شہر کی سیکیورٹی سخت کر دی اور داخلی راستوں پر کنٹینر لگا دیے گئے۔ وزیر داخلہ نے کہا کہ امن و امان برقرار رکھنے کے لیے تمام اقدامات کیے جائیں گے، رینجرز اور پولیس کے اہلکار شہر کے مختلف مقامات پر تعینات ہیں جبکہ موبائل سروس بعض علاقوں میں معطل رہی۔ سیاسی جماعتوں کے رہنماؤں نے مذاکرات پر زور دیا اور کہا کہ تمام معاملات آئین اور قانون کے مطابق حل کیے جائیں، شہریوں کو آمد و رفت میں مشکلات کا سامنا کرنا پڑا اور تعلیمی ادارے بند رہے۔
58
تجویز
اسلام آباد (نمائندہ خصوصی) احتجاج کے دوران ڈی چوک اور اطراف میں پولیس اور مظاہرین کے درمیان جھڑپیں ہوئیں، حکومت نے شہر کی سیکیورٹی سخت کر دی اور داخلی راستوں پر کنٹینر لگا دیے گئے۔ وزیر داخلہ نے کہا کہ امن و امان برقرار رکھنے کے لیے تمام اقدامات کیے جائیں گے، رینجرز اور پولیس کے اہلکار شہر کے مختلف مقامات پر تعینات ہیں جبکہ موبائل سروس بعض علاقوں میں معطل رہی۔ سیاسی جماعتوں کے رہنماؤں نے مذاکرات پر زور دیا اور کہا کہ تمام معاملات آئین اور قانون کے مطابق حل کیے جائیں، شہریوں کو آمد و رفت میں مشکلات کا سامنا کرنا پڑا اور تعلیمی ادارے بند رہے۔ اسلام آباد (نمائندہ خصوصی) احتجاج کے دوران ڈی چوک اور اطراف میں پولیس اور مظاہرین کے درمیان جھڑپیں ہوئیں، حکومت نے شہر کی سیکیورٹی سخت کر دی اور داخلی راستوں پر کنٹینر لگا دیے گئے۔ وزیر داخلہ نے کہا کہ امن و امان برقرار رکھنے کے لیے تمام اقدامات کیے جائیں گے، رینجرز اور پولیس کے اہلکار شہر کے مختلف مقامات پر تعینات ہیں جبکہ موبائل سروس بعض علاقوں میں معطل رہی۔ سیاسی جماعتوں کے رہنماؤں نے مذاکرات پر زور دیا اور کہا کہ تمام معاملات آئین اور قانون کے مطابق حل کیے جائیں، شہریوں کو آمد و رفت میں مشکلات کا سامنا کرنا پڑا اور تعلیمی ادارے بند رہے۔
59
تجویز
اسلام آباد (نمائندہ خصوصی) احتجاج کے دوران ڈی چوک اور اطراف میں پولیس اور مظاہرین کے درمیان جھڑپیں ہوئیں، حکومت نے شہر کی سیکیورٹی سخت کر دی اور داخلی راستوں پر کنٹینر لگا دیے گئے۔ وزیر داخلہ نے کہا کہ امن و امان برقرار رکھنے کے لیے تمام اقدامات کیے جائیں گے، رینجرز اور پولیس کے اہلکار شہر کے مختلف مقامات پر تعینات ہیں جبکہ موبائل سروس بعض علاقوں میں معطل رہی۔ سیاسی جماعتوں کے رہنماؤں نے مذاکرات پر زور دیا اور کہا کہ تمام معاملات آئین اور قانون کے مطابق حل کیے جائیں، شہریوں کو آمد و رفت میں مشکلات کا سامنا کرنا پڑا اور تعلیمی ادارے بند رہے۔ اسلام آباد (نمائندہ خصوصی) احتجاج کے دوران ڈی چوک اور اطراف میں پولیس اور مظاہرین کے درمیان جھڑپیں ہوئیں، حکومت نے شہر کی سیکیورٹی سخت کر دی اور داخلی راستوں پر کنٹینر لگا دیے گئے۔ وزیر داخلہ نے کہا کہ امن و امان برقرار رکھنے کے لیے تمام اقدامات کیے جائیں گے، رینجرز اور پولیس کے اہلکار شہر کے مختلف مقامات پر تعینات ہیں جبکہ موبائل سروس بعض علاقوں میں معطل رہی۔ سیاسی جماعتوں کے رہنماؤں نے مذاکرات پر زور دیا اور کہا کہ تمام معاملات آئین اور قانون کے مطابق حل کیے جائیں، شہریوں کو آمد و رفت میں مشکلات کا سامنا کرنا پڑا اور تعلیمی ادارے بند رہے۔
60
تجویز
اسلام آباد (نمائندہ خصوصی) احتجاج کے دوران ڈی چوک اور اطراف میں پولیس اور مظاہرین کے درمیان جھڑپیں ہوئیں، حکومت نے شہر کی سیکیورٹی سخت کر دی اور داخلی راستوں پر کنٹینر لگا دیے گئے۔ وزیر داخلہ نے کہا کہ امن و امان برقرار رکھنے کے لیے تمام اقدامات کیے جائیں گے، رینجرز اور پولیس کے اہلکار شہر کے مختلف مقامات پر تعینات ہیں جبکہ موبائل سروس بعض علاقوں میں معطل رہی۔ سیاسی جماعتوں کے رہنماؤں نے مذاکرات پر زور دیا اور کہا کہ تمام معاملات آئین اور قانون کے مطابق حل کیے جائیں، شہریوں کو آمد و رفت میں مشکلات کا سامنا کرنا پڑا اور تعلیمی ادارے بند رہے۔ اسلام آباد (نمائندہ خصوصی) احتجاج کے دوران ڈی چوک اور اطراف میں پولیس اور مظاہرین کے درمیان جھڑپیں ہوئیں، حکومت نے شہر کی سیکیورٹی سخت کر دی اور داخلی راستوں پر کنٹینر لگا دیے گئے۔ وزیر داخلہ نے کہا کہ امن و امان برقرار رکھنے کے لیے تمام اقدامات کیے جائیں گے، رینجرز اور پولیس کے اہلکار شہر کے مختلف مقامات پر تعینات ہیں جبکہ موبائل سروس بعض علاقوں میں معطل رہی۔ سیاسی جماعتوں کے رہنماؤں نے مذاکرات پر زور دیا اور کہا کہ تمام معاملات آئین اور قانون کے مطابق حل کیے جائیں، شہریوں کو آمد و رفت میں مشکلات کا سامنا کرنا پڑا اور تعلیمی ادارے بند رہے۔
61
تجویز
اسلام آباد (نمائندہ خصوصی) احتجاج کے دوران ڈی چوک اور اطراف میں پولیس اور مظاہرین کے درمیان جھڑپیں ہوئیں، حکومت نے شہر کی سیکیورٹی سخت کر دی اور داخلی راستوں پر کنٹینر لگا دیے گئے۔ وزیر داخلہ نے کہا کہ امن و امان برقرار رکھنے کے لیے تمام اقدامات کیے جائیں گے، رینجرز اور پولیس کے اہلکار شہر کے مختلف مقامات پر تعینات ہیں جبکہ موبائل سروس بعض علاقوں میں معطل رہی۔ سیاسی جماعتوں کے رہنماؤں نے مذاکرات پر زور دیا اور کہا کہ تمام معاملات آئین اور قانون کے مطابق حل کیے جائیں، شہریوں کو آمد و رفت میں مشکلات کا سامنا کرنا پڑا اور تعلیمی ادارے بند رہے۔ اسلام آباد (نمائندہ خصوصی) احتجاج کے دوران ڈی چوک اور اطراف میں پولیس اور مظاہرین کے درمیان جھڑپیں ہوئیں، حکومت نے شہر کی سیکیورٹی سخت کر دی اور داخلی راستوں پر کنٹینر لگا دیے گئے۔ وزیر داخلہ نے کہا کہ امن و امان برقرار رکھنے کے لیے تمام اقدامات کیے جائیں گے، رینجرز اور پولیس کے اہلکار شہر کے مختلف مقامات پر تعینات ہیں جبکہ موبائل سروس بعض علاقوں میں معطل رہی۔ سیاسی جماعتوں کے رہنماؤں نے مذاکرات پر زور دیا اور کہا کہ تمام معاملات آئین اور قانون کے مطابق حل کیے جائیں، شہریوں کو آمد و رفت میں مشکلات کا سامنا کرنا پڑا اور تعلیمی ادارے بند رہے۔
62
تجویز
اسلام آباد (نمائندہ خصوصی) احتجاج کے دوران ڈی چوک اور اطراف میں پولیس اور مظاہرین کے درمیان جھڑپیں ہوئیں، حکومت نے شہر کی سیکیورٹی سخت کر دی اور داخلی راستوں پر کنٹینر لگا دیے گئے۔ وزیر داخلہ نے کہا کہ امن و امان برقرار رکھنے کے لیے تمام اقدامات کیے جائیں گے، رینجرز اور پولیس کے اہلکار شہر کے مختلف مقامات پر تعینات ہیں جبکہ موبائل سروس بعض علاقوں میں معطل رہی۔ سیاسی جماعتوں کے رہنماؤں نے مذاکرات پر زور دیا اور کہا کہ تمام معاملات آئین اور قانون کے مطابق حل کیے جائیں، شہریوں کو آمد و رفت میں مشکلات کا سامنا کرنا پڑا اور تعلیمی ادارے بند رہے۔ اسلام آباد (نمائندہ خصوصی) احتجاج کے دوران ڈی چوک اور اطراف میں پولیس اور مظاہرین کے درمیان جھڑپیں ہوئیں، حکومت نے شہر کی سیکیورٹی سخت کر دی اور داخلی راستوں پر کنٹینر لگا دیے گئے۔ وزیر داخلہ نے کہا کہ امن و امان برقرار رکھنے کے لیے تمام اقدامات کیے جائیں گے، رینجرز اور پولیس کے اہلکار شہر کے مختلف مقامات پر تعینات ہیں جبکہ موبائل سروس بعض علاقوں میں معطل رہی۔ سیاسی جماعتوں کے رہنماؤں نے مذاکرات پر زور دیا اور کہا کہ تمام معاملات آئین اور قانون کے مطابق حل کیے جائیں، شہریوں کو آمد و رفت میں مشکلات کا سامنا کرنا پڑا اور تعلیمی ادارے بند رہے۔
63
تجویز
اسلام آباد (نمائندہ خصوصی) احتجاج کے دوران ڈی چوک اور اطراف میں پولیس اور مظاہرین کے درمیان جھڑپیں ہوئیں، حکومت نے شہر کی سیکیورٹی سخت کر دی اور داخلی راستوں پر کنٹینر لگا دیے گئے۔ وزیر داخلہ نے کہا کہ امن و امان برقرار رکھنے کے لیے تمام اقدامات کیے جائیں گے، رینجرز اور پولیس کے اہلکار شہر کے مختلف مقامات پر تعینات ہیں جبکہ موبائل سروس بعض علاقوں میں معطل رہی۔ سیاسی جماعتوں کے رہنماؤں نے مذاکرات پر زور دیا اور کہا کہ تمام معاملات آئین اور قانون کے مطابق حل کیے جائیں، شہریوں کو آمد و رفت میں مشکلات کا سامنا کرنا پڑا اور تعلیمی ادارے بند رہے۔ اسلام آباد (نمائندہ خصوصی) احتجاج کے دوران ڈی چوک اور اطراف میں پولیس اور مظاہرین کے درمیان جھڑپیں ہوئیں، حکومت نے شہر کی سیکیورٹی سخت کر دی اور داخلی راستوں پر کنٹینر لگا دیے گئے۔ وزیر داخلہ نے کہا کہ امن و امان برقرار رکھنے کے لیے تمام اقدامات کیے جائیں گے، رینجرز اور پولیس کے اہلکار شہر کے مختلف مقامات پر تعینات ہیں جبکہ موبائل سروس بعض علاقوں میں معطل رہی۔ سیاسی جماعتوں کے رہنماؤں نے مذاکرات پر زور دیا اور کہا کہ تمام معاملات آئین اور قانون کے مطابق حل کیے جائیں، شہریوں کو آمد و رفت میں مشکلات کا سامنا کرنا پڑا اور تعلیمی ادارے بند رہے۔
64
تجویز
اسلام آباد (نمائندہ خصوصی) احتجاج کے دوران ڈی چوک اور اطراف میں پولیس اور مظاہرین کے درمیان جھڑپیں ہوئیں، حکومت نے شہر کی سیکیورٹی سخت کر دی اور داخلی راستوں پر کنٹینر لگا دیے گئے۔ وزیر داخلہ نے کہا کہ امن و امان برقرار رکھنے کے لیے تمام اقدامات کیے جائیں گے، رینجرز اور پولیس کے اہلکار شہر کے مختلف مقامات پر تعینات ہیں جبکہ موبائل سروس بعض علاقوں میں معطل رہی۔ سیاسی جماعتوں کے رہنماؤں نے مذاکرات پر زور دیا اور کہا کہ تمام معاملات آئین اور قانون کے مطابق حل کیے جائیں، شہریوں کو آمد و رفت میں مشکلات کا سامنا کرنا پڑا اور تعلیمی ادارے بند رہے۔ اسلام آباد (نمائندہ خصوصی) احتجاج کے دوران ڈی چوک اور اطراف میں پولیس اور مظاہرین کے درمیان جھڑپیں ہوئیں، حکومت نے شہر کی سیکیورٹی سخت کر دی اور داخلی راستوں پر کنٹینر لگا دیے گئے۔ وزیر داخلہ نے کہا کہ امن و امان برقرار رکھنے کے لیے تمام اقدامات کیے جائیں گے، رینجرز اور پولیس کے اہلکار شہر کے مختلف مقامات پر تعینات ہیں جبکہ موبائل سروس بعض علاقوں میں معطل رہی۔ سیاسی جماعتوں کے رہنماؤں نے مذاکرات پر زور دیا اور کہا کہ تمام معاملات آئین اور قانون کے مطابق حل کیے جائیں، شہریوں کو آمد و رفت میں مشکلات کا سامنا کرنا پڑا اور تعلیمی ادارے بند رہے۔
65
تجویز
اسلام آباد (نمائندہ خصوصی) احتجاج کے دوران ڈی چوک اور اطراف میں پولیس اور مظاہرین کے درمیان جھڑپیں ہوئیں، حکومت نے شہر کی سیکیورٹی سخت کر دی اور داخلی راستوں پر کنٹینر لگا دیے گئے۔ وزیر داخلہ نے کہا کہ امن و امان برقرار رکھنے کے لیے تمام اقدامات کیے جائیں گے، رینجرز اور پولیس کے اہلکار شہر کے مختلف مقامات پر تعینات ہیں جبکہ موبائل سروس بعض علاقوں میں معطل رہی۔ سیاسی جماعتوں کے رہنماؤں نے مذاکرات پر زور دیا اور کہا کہ تمام معاملات آئین اور قانون کے مطابق حل کیے جائیں، شہریوں کو آمد و رفت میں مشکلات کا سامنا کرنا پڑا اور تعلیمی ادارے بند رہے۔ اسلام آباد (نمائندہ خصوصی) احتجاج کے دوران ڈی چوک اور اطراف میں پولیس اور مظاہرین کے درمیان جھڑپیں ہوئیں، حکومت نے شہر کی سیکیورٹی سخت کر دی اور داخلی راستوں پر کنٹینر لگا دیے گئے۔ وزیر داخلہ نے کہا کہ امن و امان برقرار رکھنے کے لیے تمام اقدامات کیے جائیں گے، رینجرز اور پولیس کے اہلکار شہر کے مختلف مقامات پر تعینات ہیں جبکہ موبائل سروس بعض علاقوں میں معطل رہی۔ سیاسی جماعتوں کے رہنماؤں نے مذاکرات پر زور دیا اور کہا کہ تمام معاملات آئین اور قانون کے مطابق حل کیے جائیں، شہریوں کو آمد و رفت میں مشکلات کا سامنا کرنا پڑا اور تعلیمی ادارے بند رہے۔
66
تجویز
اسلام آباد (نمائندہ خصوصی) احتجاج کے دوران ڈی چوک اور اطراف میں پولیس اور مظاہرین کے درمیان جھڑپیں ہوئیں، حکومت نے شہر کی سیکیورٹی سخت کر دی اور داخلی راستوں پر کنٹینر لگا دیے گئے۔ وزیر داخلہ نے کہا کہ امن و امان برقرار رکھنے کے لیے تمام اقدامات کیے جائیں گے، رینجرز اور پولیس کے اہلکار شہر کے مختلف مقامات پر تعینات ہیں جبکہ موبائل سروس بعض علاقوں میں معطل رہی۔ سیاسی جماعتوں کے رہنماؤں نے مذاکرات پر زور دیا اور کہا کہ تمام معاملات آئین اور قانون کے مطابق حل کیے جائیں، شہریوں کو آمد و رفت میں مشکلات کا سامنا کرنا پڑا اور تعلیمی ادارے بند رہے۔ اسلام آباد (نمائندہ خصوصی) احتجاج کے دوران ڈی چوک اور اطراف میں پولیس اور مظاہرین کے درمیان جھڑپیں ہوئیں، حکومت نے شہر کی سیکیورٹی سخت کر دی اور داخلی راستوں پر کنٹینر لگا دیے گئے۔ وزیر داخلہ نے کہا کہ امن و امان برقرار رکھنے کے لیے تمام اقدامات کیے جائیں گے، رینجرز اور پولیس کے اہلکار شہر کے مختلف مقامات پر تعینات ہیں جبکہ موبائل سروس بعض علاقوں میں معطل رہی۔ سیاسی جماعتوں کے رہنماؤں نے مذاکرات پر زور دیا اور کہا کہ تمام معاملات آئین اور قانون کے مطابق حل کیے جائیں، شہریوں کو آمد و رفت میں مشکلات کا سامنا کرنا پڑا اور تعلیمی ادارے بند رہے۔
67
تجویز
اسلام آباد (نمائندہ خصوصی) احتجاج کے دوران ڈی چوک اور اطراف میں پولیس اور مظاہرین کے درمیان جھڑپیں ہوئیں، حکومت نے شہر کی سیکیورٹی سخت کر دی اور داخلی راستوں پر کنٹینر لگا دیے گئے۔ وزیر داخلہ نے کہا کہ امن و امان برقرار رکھنے کے لیے تمام اقدامات کیے جائیں گے، رینجرز اور پولیس کے اہلکار شہر کے مختلف مقامات پر تعینات ہیں جبکہ موبائل سروس بعض علاقوں میں معطل رہی۔ سیاسی جماعتوں کے رہنماؤں نے مذاکرات پر زور دیا اور کہا کہ تمام معاملات آئین اور قانون کے مطابق حل کیے جائیں، شہریوں کو آمد و رفت میں مشکلات کا سامنا کرنا پڑا اور تعلیمی ادارے بند رہے۔ اسلام آباد (نمائندہ خصوصی) احتجاج کے دوران ڈی چوک اور اطراف میں پولیس اور مظاہرین کے درمیان جھڑپیں ہوئیں، حکومت نے شہر کی سیکیورٹی سخت کر دی اور داخلی راستوں پر کنٹینر لگا دیے گئے۔ وزیر داخلہ نے کہا کہ امن و امان برقرار رکھنے کے لیے تمام اقدامات کیے جائیں گے، رینجرز اور پولیس کے اہلکار شہر کے مختلف مقامات پر تعینات ہیں جبکہ موبائل سروس بعض علاقوں میں معطل رہی۔ سیاسی جماعتوں کے رہنماؤں نے مذاکرات پر زور دیا اور کہا کہ تمام معاملات آئین اور قانون کے مطابق حل کیے جائیں، شہریوں کو آمد و رفت میں مشکلات کا سامنا کرنا پڑا اور تعلیمی ادارے بند رہے۔
68
تجویز
اسلام آباد (نمائندہ خصوصی) احتجاج کے دوران ڈی چوک اور اطراف میں پولیس اور مظاہرین کے درمیان جھڑپیں ہوئیں، حکومت نے شہر کی سیکیورٹی سخت کر دی اور داخلی راستوں پر کنٹینر لگا دیے گئے۔ وزیر داخلہ نے کہا کہ امن و امان برقرار رکھنے کے لیے تمام اقدامات کیے جائیں گے، رینجرز اور پولیس کے اہلکار شہر کے مختلف مقامات پر تعینات ہیں جبکہ موبائل سروس بعض علاقوں میں معطل رہی۔ سیاسی جماعتوں کے رہنماؤں نے مذاکرات پر زور دیا اور کہا کہ تمام معاملات آئین اور قانون کے مطابق حل کیے جائیں، شہریوں کو آمد و رفت میں مشکلات کا سامنا کرنا پڑا اور تعلیمی ادارے بند رہے۔ اسلام آباد (نمائندہ خصوصی) احتجاج کے دوران ڈی چوک اور اطراف میں پولیس اور مظاہرین کے درمیان جھڑپیں ہوئیں، حکومت نے شہر کی سیکیورٹی سخت کر دی اور داخلی راستوں پر کنٹینر لگا دیے گئے۔ وزیر داخلہ نے کہا کہ امن و امان برقرار رکھنے کے لیے تمام اقدامات کیے جائیں گے، رینجرز اور پولیس کے اہلکار شہر کے مختلف مقامات پر تعینات ہیں جبکہ موبائل سروس بعض علاقوں میں معطل رہی۔ سیاسی جماعتوں کے رہنماؤں نے مذاکرات پر زور دیا اور کہا کہ تمام معاملات آئین اور قانون کے مطابق حل کیے جائیں، شہریوں کو آمد و رفت میں مشکلات کا سامنا کرنا پڑا اور تعلیمی ادارے بند رہے۔
